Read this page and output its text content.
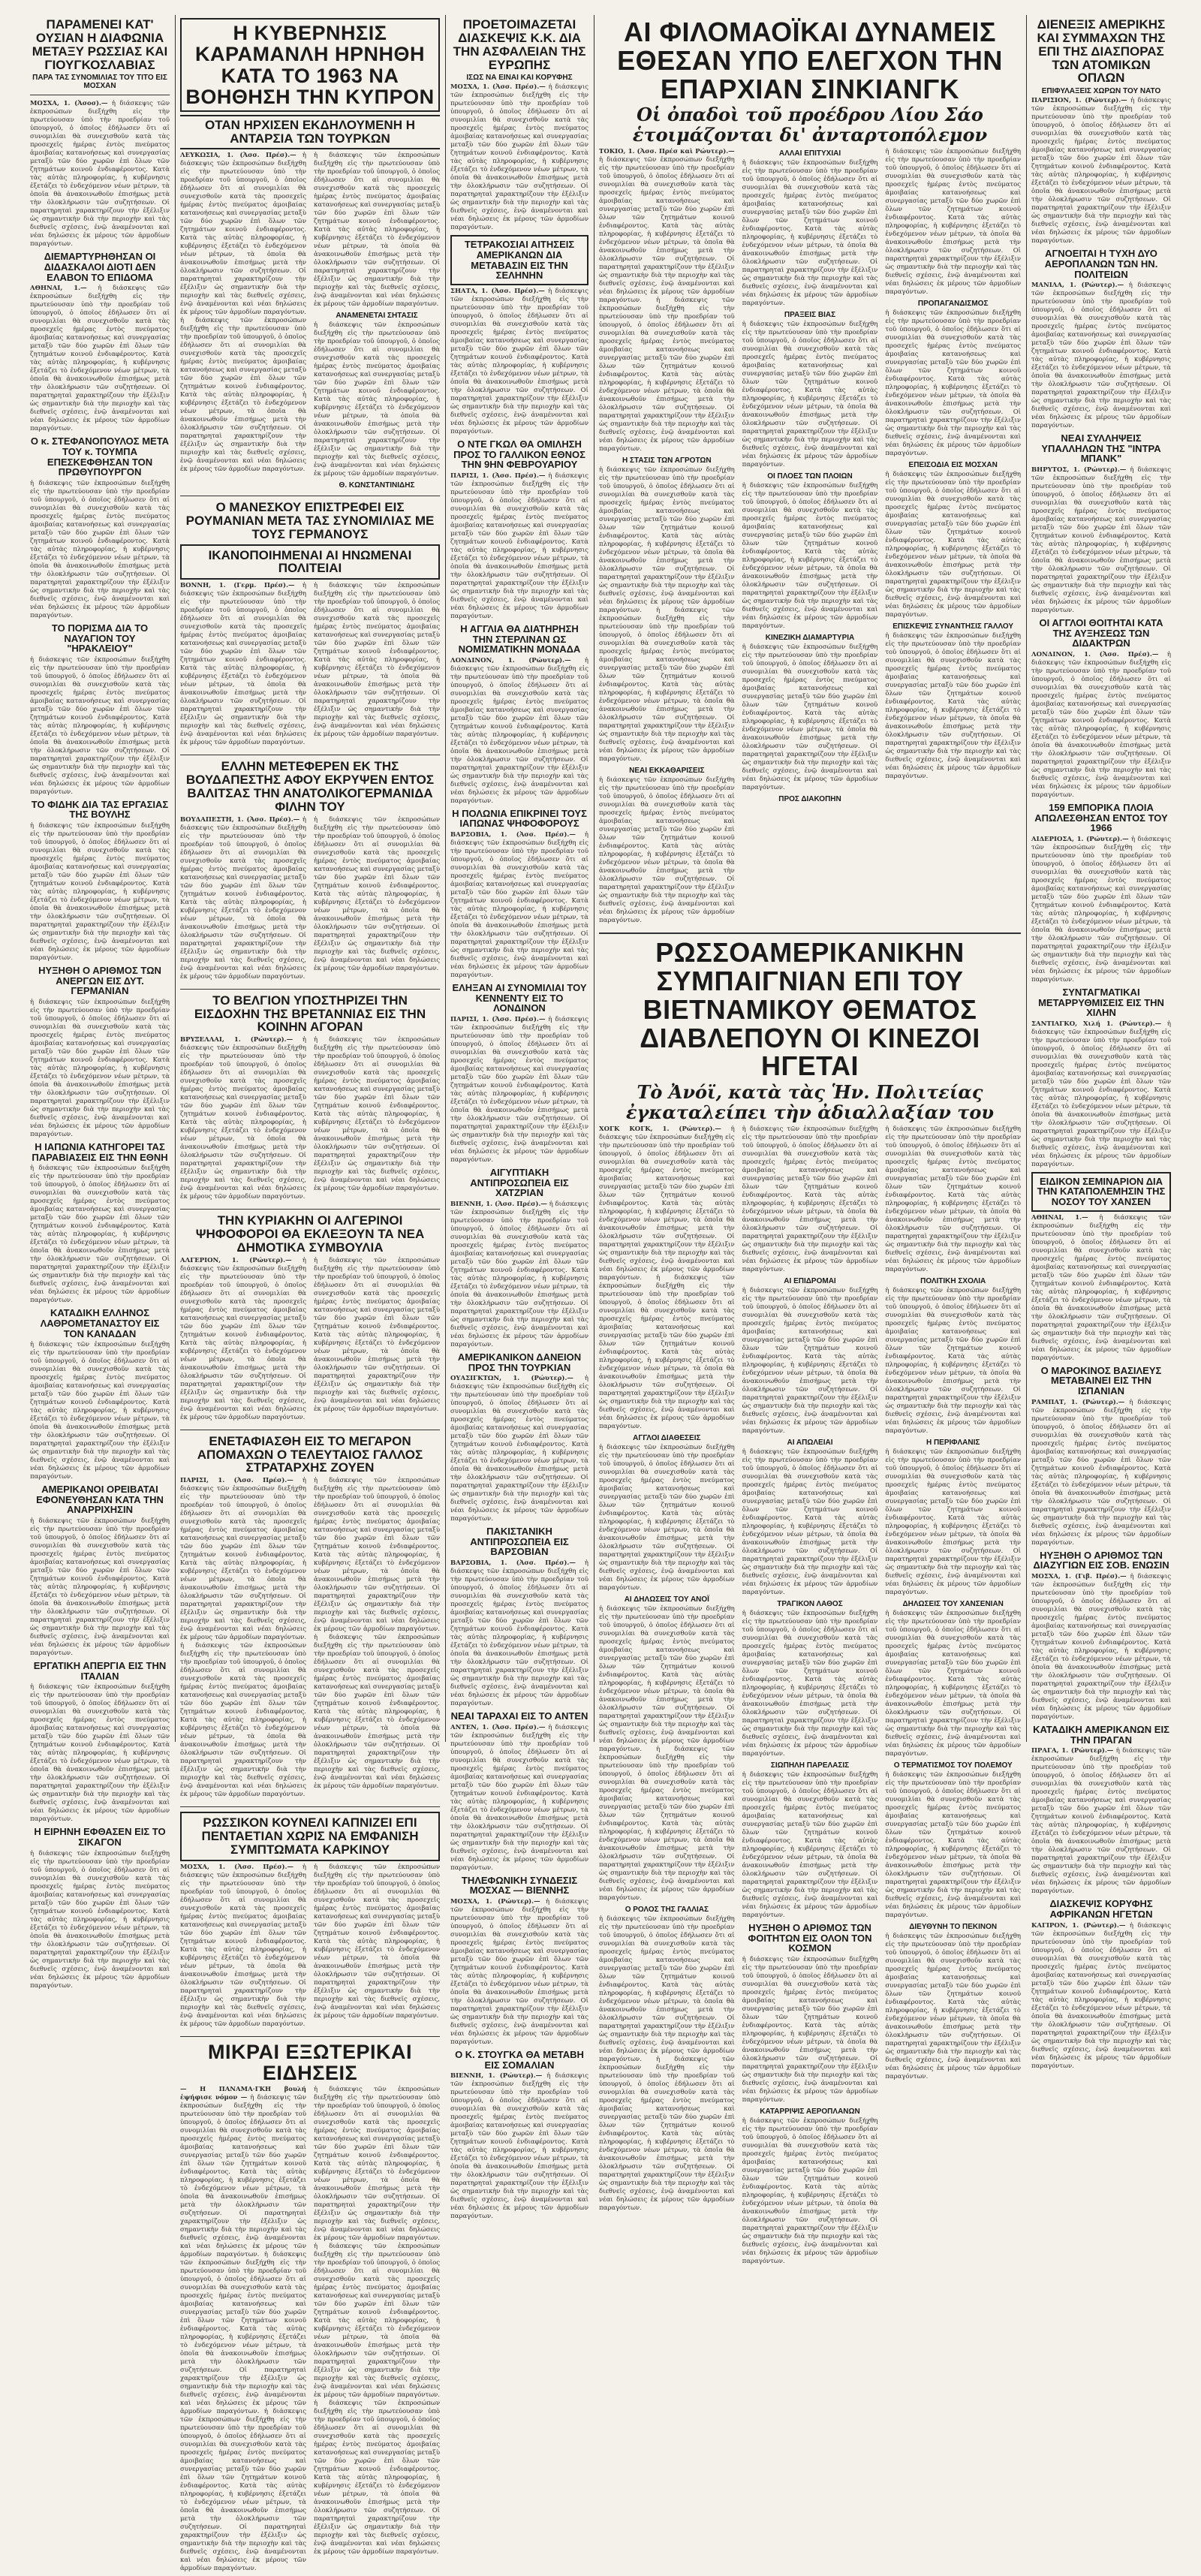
ΠΑΡΑΜΕΝΕΙ ΚΑΤ' ΟΥΣΙΑΝ Η ΔΙΑΦΩΝΙΑ ΜΕΤΑΞΥ ΡΩΣΣΙΑΣ ΚΑΙ ΓΙΟΥΓΚΟΣΛΑΒΙΑΣ
ΠΑΡΑ ΤΑΣ ΣΥΝΟΜΙΛΙΑΣ ΤΟΥ ΤΙΤΟ ΕΙΣ ΜΟΣΧΑΝ
ΜΟΣΧΑ, 1. (Ἀσοσ).— ἡ διάσκεψις τῶν ἐκπροσώπων διεξήχθη εἰς τὴν πρωτεύουσαν ὑπὸ τὴν προεδρίαν τοῦ ὑπουργοῦ, ὁ ὁποῖος ἐδήλωσεν ὅτι αἱ συνομιλίαι θὰ συνεχισθοῦν κατὰ τὰς προσεχεῖς ἡμέρας ἐντὸς πνεύματος ἀμοιβαίας κατανοήσεως καὶ συνεργασίας μεταξὺ τῶν δύο χωρῶν ἐπὶ ὅλων τῶν ζητημάτων κοινοῦ ἐνδιαφέροντος. Κατὰ τὰς αὐτὰς πληροφορίας, ἡ κυβέρνησις ἐξετάζει τὸ ἐνδεχόμενον νέων μέτρων, τὰ ὁποῖα θὰ ἀνακοινωθοῦν ἐπισήμως μετὰ τὴν ὁλοκλήρωσιν τῶν συζητήσεων. Οἱ παρατηρηταὶ χαρακτηρίζουν τὴν ἐξέλιξιν ὡς σημαντικὴν διὰ τὴν περιοχὴν καὶ τὰς διεθνεῖς σχέσεις, ἐνῷ ἀναμένονται καὶ νέαι δηλώσεις ἐκ μέρους τῶν ἁρμοδίων παραγόντων.
ΔΙΕΜΑΡΤΥΡΗΘΗΣΑΝ ΟΙ ΔΙΔΑΣΚΑΛΟΙ ΔΙΟΤΙ ΔΕΝ ΕΛΑΒΟΝ ΤΟ ΕΠΙΔΟΜΑ
ΑΘΗΝΑΙ, 1.— ἡ διάσκεψις τῶν ἐκπροσώπων διεξήχθη εἰς τὴν πρωτεύουσαν ὑπὸ τὴν προεδρίαν τοῦ ὑπουργοῦ, ὁ ὁποῖος ἐδήλωσεν ὅτι αἱ συνομιλίαι θὰ συνεχισθοῦν κατὰ τὰς προσεχεῖς ἡμέρας ἐντὸς πνεύματος ἀμοιβαίας κατανοήσεως καὶ συνεργασίας μεταξὺ τῶν δύο χωρῶν ἐπὶ ὅλων τῶν ζητημάτων κοινοῦ ἐνδιαφέροντος. Κατὰ τὰς αὐτὰς πληροφορίας, ἡ κυβέρνησις ἐξετάζει τὸ ἐνδεχόμενον νέων μέτρων, τὰ ὁποῖα θὰ ἀνακοινωθοῦν ἐπισήμως μετὰ τὴν ὁλοκλήρωσιν τῶν συζητήσεων. Οἱ παρατηρηταὶ χαρακτηρίζουν τὴν ἐξέλιξιν ὡς σημαντικὴν διὰ τὴν περιοχὴν καὶ τὰς διεθνεῖς σχέσεις, ἐνῷ ἀναμένονται καὶ νέαι δηλώσεις ἐκ μέρους τῶν ἁρμοδίων παραγόντων.
Ο κ. ΣΤΕΦΑΝΟΠΟΥΛΟΣ ΜΕΤΑ ΤΟΥ κ. ΤΟΥΜΠΑ ΕΠΕΣΚΕΦΘΗΣΑΝ ΤΟΝ ΠΡΩΘΥΠΟΥΡΓΟΝ
ἡ διάσκεψις τῶν ἐκπροσώπων διεξήχθη εἰς τὴν πρωτεύουσαν ὑπὸ τὴν προεδρίαν τοῦ ὑπουργοῦ, ὁ ὁποῖος ἐδήλωσεν ὅτι αἱ συνομιλίαι θὰ συνεχισθοῦν κατὰ τὰς προσεχεῖς ἡμέρας ἐντὸς πνεύματος ἀμοιβαίας κατανοήσεως καὶ συνεργασίας μεταξὺ τῶν δύο χωρῶν ἐπὶ ὅλων τῶν ζητημάτων κοινοῦ ἐνδιαφέροντος. Κατὰ τὰς αὐτὰς πληροφορίας, ἡ κυβέρνησις ἐξετάζει τὸ ἐνδεχόμενον νέων μέτρων, τὰ ὁποῖα θὰ ἀνακοινωθοῦν ἐπισήμως μετὰ τὴν ὁλοκλήρωσιν τῶν συζητήσεων. Οἱ παρατηρηταὶ χαρακτηρίζουν τὴν ἐξέλιξιν ὡς σημαντικὴν διὰ τὴν περιοχὴν καὶ τὰς διεθνεῖς σχέσεις, ἐνῷ ἀναμένονται καὶ νέαι δηλώσεις ἐκ μέρους τῶν ἁρμοδίων παραγόντων.
ΤΟ ΠΟΡΙΣΜΑ ΔΙΑ ΤΟ ΝΑΥΑΓΙΟΝ ΤΟΥ "ΗΡΑΚΛΕΙΟΥ"
ἡ διάσκεψις τῶν ἐκπροσώπων διεξήχθη εἰς τὴν πρωτεύουσαν ὑπὸ τὴν προεδρίαν τοῦ ὑπουργοῦ, ὁ ὁποῖος ἐδήλωσεν ὅτι αἱ συνομιλίαι θὰ συνεχισθοῦν κατὰ τὰς προσεχεῖς ἡμέρας ἐντὸς πνεύματος ἀμοιβαίας κατανοήσεως καὶ συνεργασίας μεταξὺ τῶν δύο χωρῶν ἐπὶ ὅλων τῶν ζητημάτων κοινοῦ ἐνδιαφέροντος. Κατὰ τὰς αὐτὰς πληροφορίας, ἡ κυβέρνησις ἐξετάζει τὸ ἐνδεχόμενον νέων μέτρων, τὰ ὁποῖα θὰ ἀνακοινωθοῦν ἐπισήμως μετὰ τὴν ὁλοκλήρωσιν τῶν συζητήσεων. Οἱ παρατηρηταὶ χαρακτηρίζουν τὴν ἐξέλιξιν ὡς σημαντικὴν διὰ τὴν περιοχὴν καὶ τὰς διεθνεῖς σχέσεις, ἐνῷ ἀναμένονται καὶ νέαι δηλώσεις ἐκ μέρους τῶν ἁρμοδίων παραγόντων.
ΤΟ ΦΙΔΗΚ ΔΙΑ ΤΑΣ ΕΡΓΑΣΙΑΣ ΤΗΣ ΒΟΥΛΗΣ
ἡ διάσκεψις τῶν ἐκπροσώπων διεξήχθη εἰς τὴν πρωτεύουσαν ὑπὸ τὴν προεδρίαν τοῦ ὑπουργοῦ, ὁ ὁποῖος ἐδήλωσεν ὅτι αἱ συνομιλίαι θὰ συνεχισθοῦν κατὰ τὰς προσεχεῖς ἡμέρας ἐντὸς πνεύματος ἀμοιβαίας κατανοήσεως καὶ συνεργασίας μεταξὺ τῶν δύο χωρῶν ἐπὶ ὅλων τῶν ζητημάτων κοινοῦ ἐνδιαφέροντος. Κατὰ τὰς αὐτὰς πληροφορίας, ἡ κυβέρνησις ἐξετάζει τὸ ἐνδεχόμενον νέων μέτρων, τὰ ὁποῖα θὰ ἀνακοινωθοῦν ἐπισήμως μετὰ τὴν ὁλοκλήρωσιν τῶν συζητήσεων. Οἱ παρατηρηταὶ χαρακτηρίζουν τὴν ἐξέλιξιν ὡς σημαντικὴν διὰ τὴν περιοχὴν καὶ τὰς διεθνεῖς σχέσεις, ἐνῷ ἀναμένονται καὶ νέαι δηλώσεις ἐκ μέρους τῶν ἁρμοδίων παραγόντων.
ΗΥΞΗΘΗ Ο ΑΡΙΘΜΟΣ ΤΩΝ ΑΝΕΡΓΩΝ ΕΙΣ ΔΥΤ. ΓΕΡΜΑΝΙΑΝ
ἡ διάσκεψις τῶν ἐκπροσώπων διεξήχθη εἰς τὴν πρωτεύουσαν ὑπὸ τὴν προεδρίαν τοῦ ὑπουργοῦ, ὁ ὁποῖος ἐδήλωσεν ὅτι αἱ συνομιλίαι θὰ συνεχισθοῦν κατὰ τὰς προσεχεῖς ἡμέρας ἐντὸς πνεύματος ἀμοιβαίας κατανοήσεως καὶ συνεργασίας μεταξὺ τῶν δύο χωρῶν ἐπὶ ὅλων τῶν ζητημάτων κοινοῦ ἐνδιαφέροντος. Κατὰ τὰς αὐτὰς πληροφορίας, ἡ κυβέρνησις ἐξετάζει τὸ ἐνδεχόμενον νέων μέτρων, τὰ ὁποῖα θὰ ἀνακοινωθοῦν ἐπισήμως μετὰ τὴν ὁλοκλήρωσιν τῶν συζητήσεων. Οἱ παρατηρηταὶ χαρακτηρίζουν τὴν ἐξέλιξιν ὡς σημαντικὴν διὰ τὴν περιοχὴν καὶ τὰς διεθνεῖς σχέσεις, ἐνῷ ἀναμένονται καὶ νέαι δηλώσεις ἐκ μέρους τῶν ἁρμοδίων παραγόντων.
Η ΙΑΠΩΝΙΑ ΚΑΤΗΓΟΡΕΙ ΤΑΣ ΠΑΡΑΒΙΑΣΕΙΣ ΕΙΣ ΤΗΝ ΕΘΝΗ
ἡ διάσκεψις τῶν ἐκπροσώπων διεξήχθη εἰς τὴν πρωτεύουσαν ὑπὸ τὴν προεδρίαν τοῦ ὑπουργοῦ, ὁ ὁποῖος ἐδήλωσεν ὅτι αἱ συνομιλίαι θὰ συνεχισθοῦν κατὰ τὰς προσεχεῖς ἡμέρας ἐντὸς πνεύματος ἀμοιβαίας κατανοήσεως καὶ συνεργασίας μεταξὺ τῶν δύο χωρῶν ἐπὶ ὅλων τῶν ζητημάτων κοινοῦ ἐνδιαφέροντος. Κατὰ τὰς αὐτὰς πληροφορίας, ἡ κυβέρνησις ἐξετάζει τὸ ἐνδεχόμενον νέων μέτρων, τὰ ὁποῖα θὰ ἀνακοινωθοῦν ἐπισήμως μετὰ τὴν ὁλοκλήρωσιν τῶν συζητήσεων. Οἱ παρατηρηταὶ χαρακτηρίζουν τὴν ἐξέλιξιν ὡς σημαντικὴν διὰ τὴν περιοχὴν καὶ τὰς διεθνεῖς σχέσεις, ἐνῷ ἀναμένονται καὶ νέαι δηλώσεις ἐκ μέρους τῶν ἁρμοδίων παραγόντων.
ΚΑΤΑΔΙΚΗ ΕΛΛΗΝΟΣ ΛΑΘΡΟΜΕΤΑΝΑΣΤΟΥ ΕΙΣ ΤΟΝ ΚΑΝΑΔΑΝ
ἡ διάσκεψις τῶν ἐκπροσώπων διεξήχθη εἰς τὴν πρωτεύουσαν ὑπὸ τὴν προεδρίαν τοῦ ὑπουργοῦ, ὁ ὁποῖος ἐδήλωσεν ὅτι αἱ συνομιλίαι θὰ συνεχισθοῦν κατὰ τὰς προσεχεῖς ἡμέρας ἐντὸς πνεύματος ἀμοιβαίας κατανοήσεως καὶ συνεργασίας μεταξὺ τῶν δύο χωρῶν ἐπὶ ὅλων τῶν ζητημάτων κοινοῦ ἐνδιαφέροντος. Κατὰ τὰς αὐτὰς πληροφορίας, ἡ κυβέρνησις ἐξετάζει τὸ ἐνδεχόμενον νέων μέτρων, τὰ ὁποῖα θὰ ἀνακοινωθοῦν ἐπισήμως μετὰ τὴν ὁλοκλήρωσιν τῶν συζητήσεων. Οἱ παρατηρηταὶ χαρακτηρίζουν τὴν ἐξέλιξιν ὡς σημαντικὴν διὰ τὴν περιοχὴν καὶ τὰς διεθνεῖς σχέσεις, ἐνῷ ἀναμένονται καὶ νέαι δηλώσεις ἐκ μέρους τῶν ἁρμοδίων παραγόντων.
ΑΜΕΡΙΚΑΝΟΙ ΟΡΕΙΒΑΤΑΙ ΕΦΟΝΕΥΘΗΣΑΝ ΚΑΤΑ ΤΗΝ ΑΝΑΡΡΙΧΗΣΙΝ
ἡ διάσκεψις τῶν ἐκπροσώπων διεξήχθη εἰς τὴν πρωτεύουσαν ὑπὸ τὴν προεδρίαν τοῦ ὑπουργοῦ, ὁ ὁποῖος ἐδήλωσεν ὅτι αἱ συνομιλίαι θὰ συνεχισθοῦν κατὰ τὰς προσεχεῖς ἡμέρας ἐντὸς πνεύματος ἀμοιβαίας κατανοήσεως καὶ συνεργασίας μεταξὺ τῶν δύο χωρῶν ἐπὶ ὅλων τῶν ζητημάτων κοινοῦ ἐνδιαφέροντος. Κατὰ τὰς αὐτὰς πληροφορίας, ἡ κυβέρνησις ἐξετάζει τὸ ἐνδεχόμενον νέων μέτρων, τὰ ὁποῖα θὰ ἀνακοινωθοῦν ἐπισήμως μετὰ τὴν ὁλοκλήρωσιν τῶν συζητήσεων. Οἱ παρατηρηταὶ χαρακτηρίζουν τὴν ἐξέλιξιν ὡς σημαντικὴν διὰ τὴν περιοχὴν καὶ τὰς διεθνεῖς σχέσεις, ἐνῷ ἀναμένονται καὶ νέαι δηλώσεις ἐκ μέρους τῶν ἁρμοδίων παραγόντων.
ΕΡΓΑΤΙΚΗ ΑΠΕΡΓΙΑ ΕΙΣ ΤΗΝ ΙΤΑΛΙΑΝ
ἡ διάσκεψις τῶν ἐκπροσώπων διεξήχθη εἰς τὴν πρωτεύουσαν ὑπὸ τὴν προεδρίαν τοῦ ὑπουργοῦ, ὁ ὁποῖος ἐδήλωσεν ὅτι αἱ συνομιλίαι θὰ συνεχισθοῦν κατὰ τὰς προσεχεῖς ἡμέρας ἐντὸς πνεύματος ἀμοιβαίας κατανοήσεως καὶ συνεργασίας μεταξὺ τῶν δύο χωρῶν ἐπὶ ὅλων τῶν ζητημάτων κοινοῦ ἐνδιαφέροντος. Κατὰ τὰς αὐτὰς πληροφορίας, ἡ κυβέρνησις ἐξετάζει τὸ ἐνδεχόμενον νέων μέτρων, τὰ ὁποῖα θὰ ἀνακοινωθοῦν ἐπισήμως μετὰ τὴν ὁλοκλήρωσιν τῶν συζητήσεων. Οἱ παρατηρηταὶ χαρακτηρίζουν τὴν ἐξέλιξιν ὡς σημαντικὴν διὰ τὴν περιοχὴν καὶ τὰς διεθνεῖς σχέσεις, ἐνῷ ἀναμένονται καὶ νέαι δηλώσεις ἐκ μέρους τῶν ἁρμοδίων παραγόντων.
Η ΕΙΡΗΝΗ ΕΦΘΑΣΕΝ ΕΙΣ ΤΟ ΣΙΚΑΓΟΝ
ἡ διάσκεψις τῶν ἐκπροσώπων διεξήχθη εἰς τὴν πρωτεύουσαν ὑπὸ τὴν προεδρίαν τοῦ ὑπουργοῦ, ὁ ὁποῖος ἐδήλωσεν ὅτι αἱ συνομιλίαι θὰ συνεχισθοῦν κατὰ τὰς προσεχεῖς ἡμέρας ἐντὸς πνεύματος ἀμοιβαίας κατανοήσεως καὶ συνεργασίας μεταξὺ τῶν δύο χωρῶν ἐπὶ ὅλων τῶν ζητημάτων κοινοῦ ἐνδιαφέροντος. Κατὰ τὰς αὐτὰς πληροφορίας, ἡ κυβέρνησις ἐξετάζει τὸ ἐνδεχόμενον νέων μέτρων, τὰ ὁποῖα θὰ ἀνακοινωθοῦν ἐπισήμως μετὰ τὴν ὁλοκλήρωσιν τῶν συζητήσεων. Οἱ παρατηρηταὶ χαρακτηρίζουν τὴν ἐξέλιξιν ὡς σημαντικὴν διὰ τὴν περιοχὴν καὶ τὰς διεθνεῖς σχέσεις, ἐνῷ ἀναμένονται καὶ νέαι δηλώσεις ἐκ μέρους τῶν ἁρμοδίων παραγόντων.
Η ΚΥΒΕΡΝΗΣΙΣ ΚΑΡΑΜΑΝΛΗ ΗΡΝΗΘΗ ΚΑΤΑ ΤΟ 1963 ΝΑ ΒΟΗΘΗΣΗ ΤΗΝ ΚΥΠΡΟΝ
ΟΤΑΝ ΗΡΧΙΣΕΝ ΕΚΔΗΛΟΥΜΕΝΗ Η ΑΝΤΑΡΣΙΑ ΤΩΝ ΤΟΥΡΚΩΝ
ΛΕΥΚΩΣΙΑ, 1. (Ἀσσ. Πρέσ).— ἡ διάσκεψις τῶν ἐκπροσώπων διεξήχθη εἰς τὴν πρωτεύουσαν ὑπὸ τὴν προεδρίαν τοῦ ὑπουργοῦ, ὁ ὁποῖος ἐδήλωσεν ὅτι αἱ συνομιλίαι θὰ συνεχισθοῦν κατὰ τὰς προσεχεῖς ἡμέρας ἐντὸς πνεύματος ἀμοιβαίας κατανοήσεως καὶ συνεργασίας μεταξὺ τῶν δύο χωρῶν ἐπὶ ὅλων τῶν ζητημάτων κοινοῦ ἐνδιαφέροντος. Κατὰ τὰς αὐτὰς πληροφορίας, ἡ κυβέρνησις ἐξετάζει τὸ ἐνδεχόμενον νέων μέτρων, τὰ ὁποῖα θὰ ἀνακοινωθοῦν ἐπισήμως μετὰ τὴν ὁλοκλήρωσιν τῶν συζητήσεων. Οἱ παρατηρηταὶ χαρακτηρίζουν τὴν ἐξέλιξιν ὡς σημαντικὴν διὰ τὴν περιοχὴν καὶ τὰς διεθνεῖς σχέσεις, ἐνῷ ἀναμένονται καὶ νέαι δηλώσεις ἐκ μέρους τῶν ἁρμοδίων παραγόντων. ἡ διάσκεψις τῶν ἐκπροσώπων διεξήχθη εἰς τὴν πρωτεύουσαν ὑπὸ τὴν προεδρίαν τοῦ ὑπουργοῦ, ὁ ὁποῖος ἐδήλωσεν ὅτι αἱ συνομιλίαι θὰ συνεχισθοῦν κατὰ τὰς προσεχεῖς ἡμέρας ἐντὸς πνεύματος ἀμοιβαίας κατανοήσεως καὶ συνεργασίας μεταξὺ τῶν δύο χωρῶν ἐπὶ ὅλων τῶν ζητημάτων κοινοῦ ἐνδιαφέροντος. Κατὰ τὰς αὐτὰς πληροφορίας, ἡ κυβέρνησις ἐξετάζει τὸ ἐνδεχόμενον νέων μέτρων, τὰ ὁποῖα θὰ ἀνακοινωθοῦν ἐπισήμως μετὰ τὴν ὁλοκλήρωσιν τῶν συζητήσεων. Οἱ παρατηρηταὶ χαρακτηρίζουν τὴν ἐξέλιξιν ὡς σημαντικὴν διὰ τὴν περιοχὴν καὶ τὰς διεθνεῖς σχέσεις, ἐνῷ ἀναμένονται καὶ νέαι δηλώσεις ἐκ μέρους τῶν ἁρμοδίων παραγόντων.
ἡ διάσκεψις τῶν ἐκπροσώπων διεξήχθη εἰς τὴν πρωτεύουσαν ὑπὸ τὴν προεδρίαν τοῦ ὑπουργοῦ, ὁ ὁποῖος ἐδήλωσεν ὅτι αἱ συνομιλίαι θὰ συνεχισθοῦν κατὰ τὰς προσεχεῖς ἡμέρας ἐντὸς πνεύματος ἀμοιβαίας κατανοήσεως καὶ συνεργασίας μεταξὺ τῶν δύο χωρῶν ἐπὶ ὅλων τῶν ζητημάτων κοινοῦ ἐνδιαφέροντος. Κατὰ τὰς αὐτὰς πληροφορίας, ἡ κυβέρνησις ἐξετάζει τὸ ἐνδεχόμενον νέων μέτρων, τὰ ὁποῖα θὰ ἀνακοινωθοῦν ἐπισήμως μετὰ τὴν ὁλοκλήρωσιν τῶν συζητήσεων. Οἱ παρατηρηταὶ χαρακτηρίζουν τὴν ἐξέλιξιν ὡς σημαντικὴν διὰ τὴν περιοχὴν καὶ τὰς διεθνεῖς σχέσεις, ἐνῷ ἀναμένονται καὶ νέαι δηλώσεις ἐκ μέρους τῶν ἁρμοδίων παραγόντων.
ΑΝΑΜΕΝΕΤΑΙ ΣΗΤΑΣΙΣ
ἡ διάσκεψις τῶν ἐκπροσώπων διεξήχθη εἰς τὴν πρωτεύουσαν ὑπὸ τὴν προεδρίαν τοῦ ὑπουργοῦ, ὁ ὁποῖος ἐδήλωσεν ὅτι αἱ συνομιλίαι θὰ συνεχισθοῦν κατὰ τὰς προσεχεῖς ἡμέρας ἐντὸς πνεύματος ἀμοιβαίας κατανοήσεως καὶ συνεργασίας μεταξὺ τῶν δύο χωρῶν ἐπὶ ὅλων τῶν ζητημάτων κοινοῦ ἐνδιαφέροντος. Κατὰ τὰς αὐτὰς πληροφορίας, ἡ κυβέρνησις ἐξετάζει τὸ ἐνδεχόμενον νέων μέτρων, τὰ ὁποῖα θὰ ἀνακοινωθοῦν ἐπισήμως μετὰ τὴν ὁλοκλήρωσιν τῶν συζητήσεων. Οἱ παρατηρηταὶ χαρακτηρίζουν τὴν ἐξέλιξιν ὡς σημαντικὴν διὰ τὴν περιοχὴν καὶ τὰς διεθνεῖς σχέσεις, ἐνῷ ἀναμένονται καὶ νέαι δηλώσεις ἐκ μέρους τῶν ἁρμοδίων παραγόντων.
Θ. ΚΩΝΣΤΑΝΤΙΝΙΔΗΣ
Ο ΜΑΝΕΣΚΟΥ ΕΠΙΣΤΡΕΦΕΙ ΕΙΣ ΡΟΥΜΑΝΙΑΝ ΜΕΤΑ ΤΑΣ ΣΥΝΟΜΙΛΙΑΣ ΜΕ ΤΟΥΣ ΓΕΡΜΑΝΟΥΣ
ΙΚΑΝΟΠΟΙΗΜΕΝΑΙ ΑΙ ΗΝΩΜΕΝΑΙ ΠΟΛΙΤΕΙΑΙ
ΒΟΝΝΗ, 1. (Γερμ. Πρέσ).— ἡ διάσκεψις τῶν ἐκπροσώπων διεξήχθη εἰς τὴν πρωτεύουσαν ὑπὸ τὴν προεδρίαν τοῦ ὑπουργοῦ, ὁ ὁποῖος ἐδήλωσεν ὅτι αἱ συνομιλίαι θὰ συνεχισθοῦν κατὰ τὰς προσεχεῖς ἡμέρας ἐντὸς πνεύματος ἀμοιβαίας κατανοήσεως καὶ συνεργασίας μεταξὺ τῶν δύο χωρῶν ἐπὶ ὅλων τῶν ζητημάτων κοινοῦ ἐνδιαφέροντος. Κατὰ τὰς αὐτὰς πληροφορίας, ἡ κυβέρνησις ἐξετάζει τὸ ἐνδεχόμενον νέων μέτρων, τὰ ὁποῖα θὰ ἀνακοινωθοῦν ἐπισήμως μετὰ τὴν ὁλοκλήρωσιν τῶν συζητήσεων. Οἱ παρατηρηταὶ χαρακτηρίζουν τὴν ἐξέλιξιν ὡς σημαντικὴν διὰ τὴν περιοχὴν καὶ τὰς διεθνεῖς σχέσεις, ἐνῷ ἀναμένονται καὶ νέαι δηλώσεις ἐκ μέρους τῶν ἁρμοδίων παραγόντων.
ἡ διάσκεψις τῶν ἐκπροσώπων διεξήχθη εἰς τὴν πρωτεύουσαν ὑπὸ τὴν προεδρίαν τοῦ ὑπουργοῦ, ὁ ὁποῖος ἐδήλωσεν ὅτι αἱ συνομιλίαι θὰ συνεχισθοῦν κατὰ τὰς προσεχεῖς ἡμέρας ἐντὸς πνεύματος ἀμοιβαίας κατανοήσεως καὶ συνεργασίας μεταξὺ τῶν δύο χωρῶν ἐπὶ ὅλων τῶν ζητημάτων κοινοῦ ἐνδιαφέροντος. Κατὰ τὰς αὐτὰς πληροφορίας, ἡ κυβέρνησις ἐξετάζει τὸ ἐνδεχόμενον νέων μέτρων, τὰ ὁποῖα θὰ ἀνακοινωθοῦν ἐπισήμως μετὰ τὴν ὁλοκλήρωσιν τῶν συζητήσεων. Οἱ παρατηρηταὶ χαρακτηρίζουν τὴν ἐξέλιξιν ὡς σημαντικὴν διὰ τὴν περιοχὴν καὶ τὰς διεθνεῖς σχέσεις, ἐνῷ ἀναμένονται καὶ νέαι δηλώσεις ἐκ μέρους τῶν ἁρμοδίων παραγόντων.
ΕΛΛΗΝ ΜΕΤΕΦΕΡΕΝ ΕΚ ΤΗΣ ΒΟΥΔΑΠΕΣΤΗΣ ΑΦΟΥ ΕΚΡΥΨΕΝ ΕΝΤΟΣ ΒΑΛΙΤΣΑΣ ΤΗΝ ΑΝΑΤΟΛΙΚΟΓΕΡΜΑΝΙΔΑ ΦΙΛΗΝ ΤΟΥ
ΒΟΥΔΑΠΕΣΤΗ, 1. (Ἀσσ. Πρέσ).— ἡ διάσκεψις τῶν ἐκπροσώπων διεξήχθη εἰς τὴν πρωτεύουσαν ὑπὸ τὴν προεδρίαν τοῦ ὑπουργοῦ, ὁ ὁποῖος ἐδήλωσεν ὅτι αἱ συνομιλίαι θὰ συνεχισθοῦν κατὰ τὰς προσεχεῖς ἡμέρας ἐντὸς πνεύματος ἀμοιβαίας κατανοήσεως καὶ συνεργασίας μεταξὺ τῶν δύο χωρῶν ἐπὶ ὅλων τῶν ζητημάτων κοινοῦ ἐνδιαφέροντος. Κατὰ τὰς αὐτὰς πληροφορίας, ἡ κυβέρνησις ἐξετάζει τὸ ἐνδεχόμενον νέων μέτρων, τὰ ὁποῖα θὰ ἀνακοινωθοῦν ἐπισήμως μετὰ τὴν ὁλοκλήρωσιν τῶν συζητήσεων. Οἱ παρατηρηταὶ χαρακτηρίζουν τὴν ἐξέλιξιν ὡς σημαντικὴν διὰ τὴν περιοχὴν καὶ τὰς διεθνεῖς σχέσεις, ἐνῷ ἀναμένονται καὶ νέαι δηλώσεις ἐκ μέρους τῶν ἁρμοδίων παραγόντων.
ἡ διάσκεψις τῶν ἐκπροσώπων διεξήχθη εἰς τὴν πρωτεύουσαν ὑπὸ τὴν προεδρίαν τοῦ ὑπουργοῦ, ὁ ὁποῖος ἐδήλωσεν ὅτι αἱ συνομιλίαι θὰ συνεχισθοῦν κατὰ τὰς προσεχεῖς ἡμέρας ἐντὸς πνεύματος ἀμοιβαίας κατανοήσεως καὶ συνεργασίας μεταξὺ τῶν δύο χωρῶν ἐπὶ ὅλων τῶν ζητημάτων κοινοῦ ἐνδιαφέροντος. Κατὰ τὰς αὐτὰς πληροφορίας, ἡ κυβέρνησις ἐξετάζει τὸ ἐνδεχόμενον νέων μέτρων, τὰ ὁποῖα θὰ ἀνακοινωθοῦν ἐπισήμως μετὰ τὴν ὁλοκλήρωσιν τῶν συζητήσεων. Οἱ παρατηρηταὶ χαρακτηρίζουν τὴν ἐξέλιξιν ὡς σημαντικὴν διὰ τὴν περιοχὴν καὶ τὰς διεθνεῖς σχέσεις, ἐνῷ ἀναμένονται καὶ νέαι δηλώσεις ἐκ μέρους τῶν ἁρμοδίων παραγόντων.
ΤΟ ΒΕΛΓΙΟΝ ΥΠΟΣΤΗΡΙΖΕΙ ΤΗΝ ΕΙΣΔΟΧΗΝ ΤΗΣ ΒΡΕΤΑΝΝΙΑΣ ΕΙΣ ΤΗΝ ΚΟΙΝΗΝ ΑΓΟΡΑΝ
ΒΡΥΞΕΛΛΑΙ, 1. (Ρώυτερ).— ἡ διάσκεψις τῶν ἐκπροσώπων διεξήχθη εἰς τὴν πρωτεύουσαν ὑπὸ τὴν προεδρίαν τοῦ ὑπουργοῦ, ὁ ὁποῖος ἐδήλωσεν ὅτι αἱ συνομιλίαι θὰ συνεχισθοῦν κατὰ τὰς προσεχεῖς ἡμέρας ἐντὸς πνεύματος ἀμοιβαίας κατανοήσεως καὶ συνεργασίας μεταξὺ τῶν δύο χωρῶν ἐπὶ ὅλων τῶν ζητημάτων κοινοῦ ἐνδιαφέροντος. Κατὰ τὰς αὐτὰς πληροφορίας, ἡ κυβέρνησις ἐξετάζει τὸ ἐνδεχόμενον νέων μέτρων, τὰ ὁποῖα θὰ ἀνακοινωθοῦν ἐπισήμως μετὰ τὴν ὁλοκλήρωσιν τῶν συζητήσεων. Οἱ παρατηρηταὶ χαρακτηρίζουν τὴν ἐξέλιξιν ὡς σημαντικὴν διὰ τὴν περιοχὴν καὶ τὰς διεθνεῖς σχέσεις, ἐνῷ ἀναμένονται καὶ νέαι δηλώσεις ἐκ μέρους τῶν ἁρμοδίων παραγόντων.
ἡ διάσκεψις τῶν ἐκπροσώπων διεξήχθη εἰς τὴν πρωτεύουσαν ὑπὸ τὴν προεδρίαν τοῦ ὑπουργοῦ, ὁ ὁποῖος ἐδήλωσεν ὅτι αἱ συνομιλίαι θὰ συνεχισθοῦν κατὰ τὰς προσεχεῖς ἡμέρας ἐντὸς πνεύματος ἀμοιβαίας κατανοήσεως καὶ συνεργασίας μεταξὺ τῶν δύο χωρῶν ἐπὶ ὅλων τῶν ζητημάτων κοινοῦ ἐνδιαφέροντος. Κατὰ τὰς αὐτὰς πληροφορίας, ἡ κυβέρνησις ἐξετάζει τὸ ἐνδεχόμενον νέων μέτρων, τὰ ὁποῖα θὰ ἀνακοινωθοῦν ἐπισήμως μετὰ τὴν ὁλοκλήρωσιν τῶν συζητήσεων. Οἱ παρατηρηταὶ χαρακτηρίζουν τὴν ἐξέλιξιν ὡς σημαντικὴν διὰ τὴν περιοχὴν καὶ τὰς διεθνεῖς σχέσεις, ἐνῷ ἀναμένονται καὶ νέαι δηλώσεις ἐκ μέρους τῶν ἁρμοδίων παραγόντων.
ΤΗΝ ΚΥΡΙΑΚΗΝ ΟΙ ΑΛΓΕΡΙΝΟΙ ΨΗΦΟΦΟΡΟΙ ΘΑ ΕΚΛΕΞΟΥΝ ΤΑ ΝΕΑ ΔΗΜΟΤΙΚΑ ΣΥΜΒΟΥΛΙΑ
ΑΛΓΕΡΙΟΝ, 1. (Ρώυτερ).— ἡ διάσκεψις τῶν ἐκπροσώπων διεξήχθη εἰς τὴν πρωτεύουσαν ὑπὸ τὴν προεδρίαν τοῦ ὑπουργοῦ, ὁ ὁποῖος ἐδήλωσεν ὅτι αἱ συνομιλίαι θὰ συνεχισθοῦν κατὰ τὰς προσεχεῖς ἡμέρας ἐντὸς πνεύματος ἀμοιβαίας κατανοήσεως καὶ συνεργασίας μεταξὺ τῶν δύο χωρῶν ἐπὶ ὅλων τῶν ζητημάτων κοινοῦ ἐνδιαφέροντος. Κατὰ τὰς αὐτὰς πληροφορίας, ἡ κυβέρνησις ἐξετάζει τὸ ἐνδεχόμενον νέων μέτρων, τὰ ὁποῖα θὰ ἀνακοινωθοῦν ἐπισήμως μετὰ τὴν ὁλοκλήρωσιν τῶν συζητήσεων. Οἱ παρατηρηταὶ χαρακτηρίζουν τὴν ἐξέλιξιν ὡς σημαντικὴν διὰ τὴν περιοχὴν καὶ τὰς διεθνεῖς σχέσεις, ἐνῷ ἀναμένονται καὶ νέαι δηλώσεις ἐκ μέρους τῶν ἁρμοδίων παραγόντων.
ἡ διάσκεψις τῶν ἐκπροσώπων διεξήχθη εἰς τὴν πρωτεύουσαν ὑπὸ τὴν προεδρίαν τοῦ ὑπουργοῦ, ὁ ὁποῖος ἐδήλωσεν ὅτι αἱ συνομιλίαι θὰ συνεχισθοῦν κατὰ τὰς προσεχεῖς ἡμέρας ἐντὸς πνεύματος ἀμοιβαίας κατανοήσεως καὶ συνεργασίας μεταξὺ τῶν δύο χωρῶν ἐπὶ ὅλων τῶν ζητημάτων κοινοῦ ἐνδιαφέροντος. Κατὰ τὰς αὐτὰς πληροφορίας, ἡ κυβέρνησις ἐξετάζει τὸ ἐνδεχόμενον νέων μέτρων, τὰ ὁποῖα θὰ ἀνακοινωθοῦν ἐπισήμως μετὰ τὴν ὁλοκλήρωσιν τῶν συζητήσεων. Οἱ παρατηρηταὶ χαρακτηρίζουν τὴν ἐξέλιξιν ὡς σημαντικὴν διὰ τὴν περιοχὴν καὶ τὰς διεθνεῖς σχέσεις, ἐνῷ ἀναμένονται καὶ νέαι δηλώσεις ἐκ μέρους τῶν ἁρμοδίων παραγόντων.
ΕΝΕΤΑΦΙΑΣΘΗ ΕΙΣ ΤΟ ΜΕΓΑΡΟΝ ΑΠΟΜΑΧΩΝ Ο ΤΕΛΕΥΤΑΙΟΣ ΓΑΛΛΟΣ ΣΤΡΑΤΑΡΧΗΣ ΖΟΥΕΝ
ΠΑΡΙΣΙ, 1. (Ἀσσ. Πρέσ).— ἡ διάσκεψις τῶν ἐκπροσώπων διεξήχθη εἰς τὴν πρωτεύουσαν ὑπὸ τὴν προεδρίαν τοῦ ὑπουργοῦ, ὁ ὁποῖος ἐδήλωσεν ὅτι αἱ συνομιλίαι θὰ συνεχισθοῦν κατὰ τὰς προσεχεῖς ἡμέρας ἐντὸς πνεύματος ἀμοιβαίας κατανοήσεως καὶ συνεργασίας μεταξὺ τῶν δύο χωρῶν ἐπὶ ὅλων τῶν ζητημάτων κοινοῦ ἐνδιαφέροντος. Κατὰ τὰς αὐτὰς πληροφορίας, ἡ κυβέρνησις ἐξετάζει τὸ ἐνδεχόμενον νέων μέτρων, τὰ ὁποῖα θὰ ἀνακοινωθοῦν ἐπισήμως μετὰ τὴν ὁλοκλήρωσιν τῶν συζητήσεων. Οἱ παρατηρηταὶ χαρακτηρίζουν τὴν ἐξέλιξιν ὡς σημαντικὴν διὰ τὴν περιοχὴν καὶ τὰς διεθνεῖς σχέσεις, ἐνῷ ἀναμένονται καὶ νέαι δηλώσεις ἐκ μέρους τῶν ἁρμοδίων παραγόντων. ἡ διάσκεψις τῶν ἐκπροσώπων διεξήχθη εἰς τὴν πρωτεύουσαν ὑπὸ τὴν προεδρίαν τοῦ ὑπουργοῦ, ὁ ὁποῖος ἐδήλωσεν ὅτι αἱ συνομιλίαι θὰ συνεχισθοῦν κατὰ τὰς προσεχεῖς ἡμέρας ἐντὸς πνεύματος ἀμοιβαίας κατανοήσεως καὶ συνεργασίας μεταξὺ τῶν δύο χωρῶν ἐπὶ ὅλων τῶν ζητημάτων κοινοῦ ἐνδιαφέροντος. Κατὰ τὰς αὐτὰς πληροφορίας, ἡ κυβέρνησις ἐξετάζει τὸ ἐνδεχόμενον νέων μέτρων, τὰ ὁποῖα θὰ ἀνακοινωθοῦν ἐπισήμως μετὰ τὴν ὁλοκλήρωσιν τῶν συζητήσεων. Οἱ παρατηρηταὶ χαρακτηρίζουν τὴν ἐξέλιξιν ὡς σημαντικὴν διὰ τὴν περιοχὴν καὶ τὰς διεθνεῖς σχέσεις, ἐνῷ ἀναμένονται καὶ νέαι δηλώσεις ἐκ μέρους τῶν ἁρμοδίων παραγόντων.
ἡ διάσκεψις τῶν ἐκπροσώπων διεξήχθη εἰς τὴν πρωτεύουσαν ὑπὸ τὴν προεδρίαν τοῦ ὑπουργοῦ, ὁ ὁποῖος ἐδήλωσεν ὅτι αἱ συνομιλίαι θὰ συνεχισθοῦν κατὰ τὰς προσεχεῖς ἡμέρας ἐντὸς πνεύματος ἀμοιβαίας κατανοήσεως καὶ συνεργασίας μεταξὺ τῶν δύο χωρῶν ἐπὶ ὅλων τῶν ζητημάτων κοινοῦ ἐνδιαφέροντος. Κατὰ τὰς αὐτὰς πληροφορίας, ἡ κυβέρνησις ἐξετάζει τὸ ἐνδεχόμενον νέων μέτρων, τὰ ὁποῖα θὰ ἀνακοινωθοῦν ἐπισήμως μετὰ τὴν ὁλοκλήρωσιν τῶν συζητήσεων. Οἱ παρατηρηταὶ χαρακτηρίζουν τὴν ἐξέλιξιν ὡς σημαντικὴν διὰ τὴν περιοχὴν καὶ τὰς διεθνεῖς σχέσεις, ἐνῷ ἀναμένονται καὶ νέαι δηλώσεις ἐκ μέρους τῶν ἁρμοδίων παραγόντων. ἡ διάσκεψις τῶν ἐκπροσώπων διεξήχθη εἰς τὴν πρωτεύουσαν ὑπὸ τὴν προεδρίαν τοῦ ὑπουργοῦ, ὁ ὁποῖος ἐδήλωσεν ὅτι αἱ συνομιλίαι θὰ συνεχισθοῦν κατὰ τὰς προσεχεῖς ἡμέρας ἐντὸς πνεύματος ἀμοιβαίας κατανοήσεως καὶ συνεργασίας μεταξὺ τῶν δύο χωρῶν ἐπὶ ὅλων τῶν ζητημάτων κοινοῦ ἐνδιαφέροντος. Κατὰ τὰς αὐτὰς πληροφορίας, ἡ κυβέρνησις ἐξετάζει τὸ ἐνδεχόμενον νέων μέτρων, τὰ ὁποῖα θὰ ἀνακοινωθοῦν ἐπισήμως μετὰ τὴν ὁλοκλήρωσιν τῶν συζητήσεων. Οἱ παρατηρηταὶ χαρακτηρίζουν τὴν ἐξέλιξιν ὡς σημαντικὴν διὰ τὴν περιοχὴν καὶ τὰς διεθνεῖς σχέσεις, ἐνῷ ἀναμένονται καὶ νέαι δηλώσεις ἐκ μέρους τῶν ἁρμοδίων παραγόντων.
ΡΩΣΣΙΚΟΝ ΚΟΥΝΕΛΙ ΚΑΠΝΙΖΕΙ ΕΠΙ ΠΕΝΤΑΕΤΙΑΝ ΧΩΡΙΣ ΝΑ ΕΜΦΑΝΙΣΗ ΣΥΜΠΤΩΜΑΤΑ ΚΑΡΚΙΝΟΥ
ΜΟΣΧΑ, 1. (Ἀσσ. Πρέσ).— ἡ διάσκεψις τῶν ἐκπροσώπων διεξήχθη εἰς τὴν πρωτεύουσαν ὑπὸ τὴν προεδρίαν τοῦ ὑπουργοῦ, ὁ ὁποῖος ἐδήλωσεν ὅτι αἱ συνομιλίαι θὰ συνεχισθοῦν κατὰ τὰς προσεχεῖς ἡμέρας ἐντὸς πνεύματος ἀμοιβαίας κατανοήσεως καὶ συνεργασίας μεταξὺ τῶν δύο χωρῶν ἐπὶ ὅλων τῶν ζητημάτων κοινοῦ ἐνδιαφέροντος. Κατὰ τὰς αὐτὰς πληροφορίας, ἡ κυβέρνησις ἐξετάζει τὸ ἐνδεχόμενον νέων μέτρων, τὰ ὁποῖα θὰ ἀνακοινωθοῦν ἐπισήμως μετὰ τὴν ὁλοκλήρωσιν τῶν συζητήσεων. Οἱ παρατηρηταὶ χαρακτηρίζουν τὴν ἐξέλιξιν ὡς σημαντικὴν διὰ τὴν περιοχὴν καὶ τὰς διεθνεῖς σχέσεις, ἐνῷ ἀναμένονται καὶ νέαι δηλώσεις ἐκ μέρους τῶν ἁρμοδίων παραγόντων.
ἡ διάσκεψις τῶν ἐκπροσώπων διεξήχθη εἰς τὴν πρωτεύουσαν ὑπὸ τὴν προεδρίαν τοῦ ὑπουργοῦ, ὁ ὁποῖος ἐδήλωσεν ὅτι αἱ συνομιλίαι θὰ συνεχισθοῦν κατὰ τὰς προσεχεῖς ἡμέρας ἐντὸς πνεύματος ἀμοιβαίας κατανοήσεως καὶ συνεργασίας μεταξὺ τῶν δύο χωρῶν ἐπὶ ὅλων τῶν ζητημάτων κοινοῦ ἐνδιαφέροντος. Κατὰ τὰς αὐτὰς πληροφορίας, ἡ κυβέρνησις ἐξετάζει τὸ ἐνδεχόμενον νέων μέτρων, τὰ ὁποῖα θὰ ἀνακοινωθοῦν ἐπισήμως μετὰ τὴν ὁλοκλήρωσιν τῶν συζητήσεων. Οἱ παρατηρηταὶ χαρακτηρίζουν τὴν ἐξέλιξιν ὡς σημαντικὴν διὰ τὴν περιοχὴν καὶ τὰς διεθνεῖς σχέσεις, ἐνῷ ἀναμένονται καὶ νέαι δηλώσεις ἐκ μέρους τῶν ἁρμοδίων παραγόντων.
ΜΙΚΡΑΙ ΕΞΩΤΕΡΙΚΑΙ ΕΙΔΗΣΕΙΣ
— Η ΠΑΝΑΜΑ·ΓΚΗ βουλή ἐψήφισε νόμον — ἡ διάσκεψις τῶν ἐκπροσώπων διεξήχθη εἰς τὴν πρωτεύουσαν ὑπὸ τὴν προεδρίαν τοῦ ὑπουργοῦ, ὁ ὁποῖος ἐδήλωσεν ὅτι αἱ συνομιλίαι θὰ συνεχισθοῦν κατὰ τὰς προσεχεῖς ἡμέρας ἐντὸς πνεύματος ἀμοιβαίας κατανοήσεως καὶ συνεργασίας μεταξὺ τῶν δύο χωρῶν ἐπὶ ὅλων τῶν ζητημάτων κοινοῦ ἐνδιαφέροντος. Κατὰ τὰς αὐτὰς πληροφορίας, ἡ κυβέρνησις ἐξετάζει τὸ ἐνδεχόμενον νέων μέτρων, τὰ ὁποῖα θὰ ἀνακοινωθοῦν ἐπισήμως μετὰ τὴν ὁλοκλήρωσιν τῶν συζητήσεων. Οἱ παρατηρηταὶ χαρακτηρίζουν τὴν ἐξέλιξιν ὡς σημαντικὴν διὰ τὴν περιοχὴν καὶ τὰς διεθνεῖς σχέσεις, ἐνῷ ἀναμένονται καὶ νέαι δηλώσεις ἐκ μέρους τῶν ἁρμοδίων παραγόντων. ἡ διάσκεψις τῶν ἐκπροσώπων διεξήχθη εἰς τὴν πρωτεύουσαν ὑπὸ τὴν προεδρίαν τοῦ ὑπουργοῦ, ὁ ὁποῖος ἐδήλωσεν ὅτι αἱ συνομιλίαι θὰ συνεχισθοῦν κατὰ τὰς προσεχεῖς ἡμέρας ἐντὸς πνεύματος ἀμοιβαίας κατανοήσεως καὶ συνεργασίας μεταξὺ τῶν δύο χωρῶν ἐπὶ ὅλων τῶν ζητημάτων κοινοῦ ἐνδιαφέροντος. Κατὰ τὰς αὐτὰς πληροφορίας, ἡ κυβέρνησις ἐξετάζει τὸ ἐνδεχόμενον νέων μέτρων, τὰ ὁποῖα θὰ ἀνακοινωθοῦν ἐπισήμως μετὰ τὴν ὁλοκλήρωσιν τῶν συζητήσεων. Οἱ παρατηρηταὶ χαρακτηρίζουν τὴν ἐξέλιξιν ὡς σημαντικὴν διὰ τὴν περιοχὴν καὶ τὰς διεθνεῖς σχέσεις, ἐνῷ ἀναμένονται καὶ νέαι δηλώσεις ἐκ μέρους τῶν ἁρμοδίων παραγόντων. ἡ διάσκεψις τῶν ἐκπροσώπων διεξήχθη εἰς τὴν πρωτεύουσαν ὑπὸ τὴν προεδρίαν τοῦ ὑπουργοῦ, ὁ ὁποῖος ἐδήλωσεν ὅτι αἱ συνομιλίαι θὰ συνεχισθοῦν κατὰ τὰς προσεχεῖς ἡμέρας ἐντὸς πνεύματος ἀμοιβαίας κατανοήσεως καὶ συνεργασίας μεταξὺ τῶν δύο χωρῶν ἐπὶ ὅλων τῶν ζητημάτων κοινοῦ ἐνδιαφέροντος. Κατὰ τὰς αὐτὰς πληροφορίας, ἡ κυβέρνησις ἐξετάζει τὸ ἐνδεχόμενον νέων μέτρων, τὰ ὁποῖα θὰ ἀνακοινωθοῦν ἐπισήμως μετὰ τὴν ὁλοκλήρωσιν τῶν συζητήσεων. Οἱ παρατηρηταὶ χαρακτηρίζουν τὴν ἐξέλιξιν ὡς σημαντικὴν διὰ τὴν περιοχὴν καὶ τὰς διεθνεῖς σχέσεις, ἐνῷ ἀναμένονται καὶ νέαι δηλώσεις ἐκ μέρους τῶν ἁρμοδίων παραγόντων.
ἡ διάσκεψις τῶν ἐκπροσώπων διεξήχθη εἰς τὴν πρωτεύουσαν ὑπὸ τὴν προεδρίαν τοῦ ὑπουργοῦ, ὁ ὁποῖος ἐδήλωσεν ὅτι αἱ συνομιλίαι θὰ συνεχισθοῦν κατὰ τὰς προσεχεῖς ἡμέρας ἐντὸς πνεύματος ἀμοιβαίας κατανοήσεως καὶ συνεργασίας μεταξὺ τῶν δύο χωρῶν ἐπὶ ὅλων τῶν ζητημάτων κοινοῦ ἐνδιαφέροντος. Κατὰ τὰς αὐτὰς πληροφορίας, ἡ κυβέρνησις ἐξετάζει τὸ ἐνδεχόμενον νέων μέτρων, τὰ ὁποῖα θὰ ἀνακοινωθοῦν ἐπισήμως μετὰ τὴν ὁλοκλήρωσιν τῶν συζητήσεων. Οἱ παρατηρηταὶ χαρακτηρίζουν τὴν ἐξέλιξιν ὡς σημαντικὴν διὰ τὴν περιοχὴν καὶ τὰς διεθνεῖς σχέσεις, ἐνῷ ἀναμένονται καὶ νέαι δηλώσεις ἐκ μέρους τῶν ἁρμοδίων παραγόντων. ἡ διάσκεψις τῶν ἐκπροσώπων διεξήχθη εἰς τὴν πρωτεύουσαν ὑπὸ τὴν προεδρίαν τοῦ ὑπουργοῦ, ὁ ὁποῖος ἐδήλωσεν ὅτι αἱ συνομιλίαι θὰ συνεχισθοῦν κατὰ τὰς προσεχεῖς ἡμέρας ἐντὸς πνεύματος ἀμοιβαίας κατανοήσεως καὶ συνεργασίας μεταξὺ τῶν δύο χωρῶν ἐπὶ ὅλων τῶν ζητημάτων κοινοῦ ἐνδιαφέροντος. Κατὰ τὰς αὐτὰς πληροφορίας, ἡ κυβέρνησις ἐξετάζει τὸ ἐνδεχόμενον νέων μέτρων, τὰ ὁποῖα θὰ ἀνακοινωθοῦν ἐπισήμως μετὰ τὴν ὁλοκλήρωσιν τῶν συζητήσεων. Οἱ παρατηρηταὶ χαρακτηρίζουν τὴν ἐξέλιξιν ὡς σημαντικὴν διὰ τὴν περιοχὴν καὶ τὰς διεθνεῖς σχέσεις, ἐνῷ ἀναμένονται καὶ νέαι δηλώσεις ἐκ μέρους τῶν ἁρμοδίων παραγόντων. ἡ διάσκεψις τῶν ἐκπροσώπων διεξήχθη εἰς τὴν πρωτεύουσαν ὑπὸ τὴν προεδρίαν τοῦ ὑπουργοῦ, ὁ ὁποῖος ἐδήλωσεν ὅτι αἱ συνομιλίαι θὰ συνεχισθοῦν κατὰ τὰς προσεχεῖς ἡμέρας ἐντὸς πνεύματος ἀμοιβαίας κατανοήσεως καὶ συνεργασίας μεταξὺ τῶν δύο χωρῶν ἐπὶ ὅλων τῶν ζητημάτων κοινοῦ ἐνδιαφέροντος. Κατὰ τὰς αὐτὰς πληροφορίας, ἡ κυβέρνησις ἐξετάζει τὸ ἐνδεχόμενον νέων μέτρων, τὰ ὁποῖα θὰ ἀνακοινωθοῦν ἐπισήμως μετὰ τὴν ὁλοκλήρωσιν τῶν συζητήσεων. Οἱ παρατηρηταὶ χαρακτηρίζουν τὴν ἐξέλιξιν ὡς σημαντικὴν διὰ τὴν περιοχὴν καὶ τὰς διεθνεῖς σχέσεις, ἐνῷ ἀναμένονται καὶ νέαι δηλώσεις ἐκ μέρους τῶν ἁρμοδίων παραγόντων.
ΠΡΟΕΤΟΙΜΑΖΕΤΑΙ ΔΙΑΣΚΕΨΙΣ Κ.Κ. ΔΙΑ ΤΗΝ ΑΣΦΑΛΕΙΑΝ ΤΗΣ ΕΥΡΩΠΗΣ
ΙΣΩΣ ΝΑ ΕΙΝΑΙ ΚΑΙ ΚΟΡΥΦΗΣ
ΜΟΣΧΑ, 1. (Ἀσσ. Πρέσ).— ἡ διάσκεψις τῶν ἐκπροσώπων διεξήχθη εἰς τὴν πρωτεύουσαν ὑπὸ τὴν προεδρίαν τοῦ ὑπουργοῦ, ὁ ὁποῖος ἐδήλωσεν ὅτι αἱ συνομιλίαι θὰ συνεχισθοῦν κατὰ τὰς προσεχεῖς ἡμέρας ἐντὸς πνεύματος ἀμοιβαίας κατανοήσεως καὶ συνεργασίας μεταξὺ τῶν δύο χωρῶν ἐπὶ ὅλων τῶν ζητημάτων κοινοῦ ἐνδιαφέροντος. Κατὰ τὰς αὐτὰς πληροφορίας, ἡ κυβέρνησις ἐξετάζει τὸ ἐνδεχόμενον νέων μέτρων, τὰ ὁποῖα θὰ ἀνακοινωθοῦν ἐπισήμως μετὰ τὴν ὁλοκλήρωσιν τῶν συζητήσεων. Οἱ παρατηρηταὶ χαρακτηρίζουν τὴν ἐξέλιξιν ὡς σημαντικὴν διὰ τὴν περιοχὴν καὶ τὰς διεθνεῖς σχέσεις, ἐνῷ ἀναμένονται καὶ νέαι δηλώσεις ἐκ μέρους τῶν ἁρμοδίων παραγόντων.
ΤΕΤΡΑΚΟΣΙΑΙ ΑΙΤΗΣΕΙΣ ΑΜΕΡΙΚΑΝΩΝ ΔΙΑ ΜΕΤΑΒΑΣΙΝ ΕΙΣ ΤΗΝ ΣΕΛΗΝΗΝ
ΣΗΑΤΛ, 1. (Ἀσσ. Πρέσ).— ἡ διάσκεψις τῶν ἐκπροσώπων διεξήχθη εἰς τὴν πρωτεύουσαν ὑπὸ τὴν προεδρίαν τοῦ ὑπουργοῦ, ὁ ὁποῖος ἐδήλωσεν ὅτι αἱ συνομιλίαι θὰ συνεχισθοῦν κατὰ τὰς προσεχεῖς ἡμέρας ἐντὸς πνεύματος ἀμοιβαίας κατανοήσεως καὶ συνεργασίας μεταξὺ τῶν δύο χωρῶν ἐπὶ ὅλων τῶν ζητημάτων κοινοῦ ἐνδιαφέροντος. Κατὰ τὰς αὐτὰς πληροφορίας, ἡ κυβέρνησις ἐξετάζει τὸ ἐνδεχόμενον νέων μέτρων, τὰ ὁποῖα θὰ ἀνακοινωθοῦν ἐπισήμως μετὰ τὴν ὁλοκλήρωσιν τῶν συζητήσεων. Οἱ παρατηρηταὶ χαρακτηρίζουν τὴν ἐξέλιξιν ὡς σημαντικὴν διὰ τὴν περιοχὴν καὶ τὰς διεθνεῖς σχέσεις, ἐνῷ ἀναμένονται καὶ νέαι δηλώσεις ἐκ μέρους τῶν ἁρμοδίων παραγόντων.
Ο ΝΤΕ ΓΚΩΛ ΘΑ ΟΜΙΛΗΣΗ ΠΡΟΣ ΤΟ ΓΑΛΛΙΚΟΝ ΕΘΝΟΣ ΤΗΝ 9ΗΝ ΦΕΒΡΟΥΑΡΙΟΥ
ΠΑΡΙΣΙ, 1. (Ἀσσ. Πρέσ).— ἡ διάσκεψις τῶν ἐκπροσώπων διεξήχθη εἰς τὴν πρωτεύουσαν ὑπὸ τὴν προεδρίαν τοῦ ὑπουργοῦ, ὁ ὁποῖος ἐδήλωσεν ὅτι αἱ συνομιλίαι θὰ συνεχισθοῦν κατὰ τὰς προσεχεῖς ἡμέρας ἐντὸς πνεύματος ἀμοιβαίας κατανοήσεως καὶ συνεργασίας μεταξὺ τῶν δύο χωρῶν ἐπὶ ὅλων τῶν ζητημάτων κοινοῦ ἐνδιαφέροντος. Κατὰ τὰς αὐτὰς πληροφορίας, ἡ κυβέρνησις ἐξετάζει τὸ ἐνδεχόμενον νέων μέτρων, τὰ ὁποῖα θὰ ἀνακοινωθοῦν ἐπισήμως μετὰ τὴν ὁλοκλήρωσιν τῶν συζητήσεων. Οἱ παρατηρηταὶ χαρακτηρίζουν τὴν ἐξέλιξιν ὡς σημαντικὴν διὰ τὴν περιοχὴν καὶ τὰς διεθνεῖς σχέσεις, ἐνῷ ἀναμένονται καὶ νέαι δηλώσεις ἐκ μέρους τῶν ἁρμοδίων παραγόντων.
Η ΑΓΓΛΙΑ ΘΑ ΔΙΑΤΗΡΗΣΗ ΤΗΝ ΣΤΕΡΛΙΝΑΝ ΩΣ ΝΟΜΙΣΜΑΤΙΚΗΝ ΜΟΝΑΔΑ
ΛΟΝΔΙΝΟΝ, 1. (Ρώυτερ).— ἡ διάσκεψις τῶν ἐκπροσώπων διεξήχθη εἰς τὴν πρωτεύουσαν ὑπὸ τὴν προεδρίαν τοῦ ὑπουργοῦ, ὁ ὁποῖος ἐδήλωσεν ὅτι αἱ συνομιλίαι θὰ συνεχισθοῦν κατὰ τὰς προσεχεῖς ἡμέρας ἐντὸς πνεύματος ἀμοιβαίας κατανοήσεως καὶ συνεργασίας μεταξὺ τῶν δύο χωρῶν ἐπὶ ὅλων τῶν ζητημάτων κοινοῦ ἐνδιαφέροντος. Κατὰ τὰς αὐτὰς πληροφορίας, ἡ κυβέρνησις ἐξετάζει τὸ ἐνδεχόμενον νέων μέτρων, τὰ ὁποῖα θὰ ἀνακοινωθοῦν ἐπισήμως μετὰ τὴν ὁλοκλήρωσιν τῶν συζητήσεων. Οἱ παρατηρηταὶ χαρακτηρίζουν τὴν ἐξέλιξιν ὡς σημαντικὴν διὰ τὴν περιοχὴν καὶ τὰς διεθνεῖς σχέσεις, ἐνῷ ἀναμένονται καὶ νέαι δηλώσεις ἐκ μέρους τῶν ἁρμοδίων παραγόντων.
Η ΠΟΛΩΝΙΑ ΕΠΙΚΡΙΝΕΙ ΤΟΥΣ ΙΑΠΩΝΑΣ ΨΗΦΟΦΟΡΟΥΣ
ΒΑΡΣΟΒΙΑ, 1. (Ἀσσ. Πρέσ).— ἡ διάσκεψις τῶν ἐκπροσώπων διεξήχθη εἰς τὴν πρωτεύουσαν ὑπὸ τὴν προεδρίαν τοῦ ὑπουργοῦ, ὁ ὁποῖος ἐδήλωσεν ὅτι αἱ συνομιλίαι θὰ συνεχισθοῦν κατὰ τὰς προσεχεῖς ἡμέρας ἐντὸς πνεύματος ἀμοιβαίας κατανοήσεως καὶ συνεργασίας μεταξὺ τῶν δύο χωρῶν ἐπὶ ὅλων τῶν ζητημάτων κοινοῦ ἐνδιαφέροντος. Κατὰ τὰς αὐτὰς πληροφορίας, ἡ κυβέρνησις ἐξετάζει τὸ ἐνδεχόμενον νέων μέτρων, τὰ ὁποῖα θὰ ἀνακοινωθοῦν ἐπισήμως μετὰ τὴν ὁλοκλήρωσιν τῶν συζητήσεων. Οἱ παρατηρηταὶ χαρακτηρίζουν τὴν ἐξέλιξιν ὡς σημαντικὴν διὰ τὴν περιοχὴν καὶ τὰς διεθνεῖς σχέσεις, ἐνῷ ἀναμένονται καὶ νέαι δηλώσεις ἐκ μέρους τῶν ἁρμοδίων παραγόντων.
ΕΛΗΞΑΝ ΑΙ ΣΥΝΟΜΙΛΙΑΙ ΤΟΥ ΚΕΝΝΕΝΤΥ ΕΙΣ ΤΟ ΛΟΝΔΙΝΟΝ
ΠΑΡΙΣΙ, 1. (Ἀσσ. Πρέσ).— ἡ διάσκεψις τῶν ἐκπροσώπων διεξήχθη εἰς τὴν πρωτεύουσαν ὑπὸ τὴν προεδρίαν τοῦ ὑπουργοῦ, ὁ ὁποῖος ἐδήλωσεν ὅτι αἱ συνομιλίαι θὰ συνεχισθοῦν κατὰ τὰς προσεχεῖς ἡμέρας ἐντὸς πνεύματος ἀμοιβαίας κατανοήσεως καὶ συνεργασίας μεταξὺ τῶν δύο χωρῶν ἐπὶ ὅλων τῶν ζητημάτων κοινοῦ ἐνδιαφέροντος. Κατὰ τὰς αὐτὰς πληροφορίας, ἡ κυβέρνησις ἐξετάζει τὸ ἐνδεχόμενον νέων μέτρων, τὰ ὁποῖα θὰ ἀνακοινωθοῦν ἐπισήμως μετὰ τὴν ὁλοκλήρωσιν τῶν συζητήσεων. Οἱ παρατηρηταὶ χαρακτηρίζουν τὴν ἐξέλιξιν ὡς σημαντικὴν διὰ τὴν περιοχὴν καὶ τὰς διεθνεῖς σχέσεις, ἐνῷ ἀναμένονται καὶ νέαι δηλώσεις ἐκ μέρους τῶν ἁρμοδίων παραγόντων.
ΑΙΓΥΠΤΙΑΚΗ ΑΝΤΙΠΡΟΣΩΠΕΙΑ ΕΙΣ ΧΑΤΖΡΙΑΝ
ΒΙΕΝΝΗ, 1. (Ἀσσ. Πρέσ).— ἡ διάσκεψις τῶν ἐκπροσώπων διεξήχθη εἰς τὴν πρωτεύουσαν ὑπὸ τὴν προεδρίαν τοῦ ὑπουργοῦ, ὁ ὁποῖος ἐδήλωσεν ὅτι αἱ συνομιλίαι θὰ συνεχισθοῦν κατὰ τὰς προσεχεῖς ἡμέρας ἐντὸς πνεύματος ἀμοιβαίας κατανοήσεως καὶ συνεργασίας μεταξὺ τῶν δύο χωρῶν ἐπὶ ὅλων τῶν ζητημάτων κοινοῦ ἐνδιαφέροντος. Κατὰ τὰς αὐτὰς πληροφορίας, ἡ κυβέρνησις ἐξετάζει τὸ ἐνδεχόμενον νέων μέτρων, τὰ ὁποῖα θὰ ἀνακοινωθοῦν ἐπισήμως μετὰ τὴν ὁλοκλήρωσιν τῶν συζητήσεων. Οἱ παρατηρηταὶ χαρακτηρίζουν τὴν ἐξέλιξιν ὡς σημαντικὴν διὰ τὴν περιοχὴν καὶ τὰς διεθνεῖς σχέσεις, ἐνῷ ἀναμένονται καὶ νέαι δηλώσεις ἐκ μέρους τῶν ἁρμοδίων παραγόντων.
ΑΜΕΡΙΚΑΝΙΚΟΝ ΔΑΝΕΙΟΝ ΠΡΟΣ ΤΗΝ ΤΟΥΡΚΙΑΝ
ΟΥΑΣΙΓΚΤΩΝ, 1. (Ρώυτερ).— ἡ διάσκεψις τῶν ἐκπροσώπων διεξήχθη εἰς τὴν πρωτεύουσαν ὑπὸ τὴν προεδρίαν τοῦ ὑπουργοῦ, ὁ ὁποῖος ἐδήλωσεν ὅτι αἱ συνομιλίαι θὰ συνεχισθοῦν κατὰ τὰς προσεχεῖς ἡμέρας ἐντὸς πνεύματος ἀμοιβαίας κατανοήσεως καὶ συνεργασίας μεταξὺ τῶν δύο χωρῶν ἐπὶ ὅλων τῶν ζητημάτων κοινοῦ ἐνδιαφέροντος. Κατὰ τὰς αὐτὰς πληροφορίας, ἡ κυβέρνησις ἐξετάζει τὸ ἐνδεχόμενον νέων μέτρων, τὰ ὁποῖα θὰ ἀνακοινωθοῦν ἐπισήμως μετὰ τὴν ὁλοκλήρωσιν τῶν συζητήσεων. Οἱ παρατηρηταὶ χαρακτηρίζουν τὴν ἐξέλιξιν ὡς σημαντικὴν διὰ τὴν περιοχὴν καὶ τὰς διεθνεῖς σχέσεις, ἐνῷ ἀναμένονται καὶ νέαι δηλώσεις ἐκ μέρους τῶν ἁρμοδίων παραγόντων.
ΠΑΚΙΣΤΑΝΙΚΗ ΑΝΤΙΠΡΟΣΩΠΕΙΑ ΕΙΣ ΒΑΡΣΟΒΙΑΝ
ΒΑΡΣΟΒΙΑ, 1. (Ἀσσ. Πρέσ).— ἡ διάσκεψις τῶν ἐκπροσώπων διεξήχθη εἰς τὴν πρωτεύουσαν ὑπὸ τὴν προεδρίαν τοῦ ὑπουργοῦ, ὁ ὁποῖος ἐδήλωσεν ὅτι αἱ συνομιλίαι θὰ συνεχισθοῦν κατὰ τὰς προσεχεῖς ἡμέρας ἐντὸς πνεύματος ἀμοιβαίας κατανοήσεως καὶ συνεργασίας μεταξὺ τῶν δύο χωρῶν ἐπὶ ὅλων τῶν ζητημάτων κοινοῦ ἐνδιαφέροντος. Κατὰ τὰς αὐτὰς πληροφορίας, ἡ κυβέρνησις ἐξετάζει τὸ ἐνδεχόμενον νέων μέτρων, τὰ ὁποῖα θὰ ἀνακοινωθοῦν ἐπισήμως μετὰ τὴν ὁλοκλήρωσιν τῶν συζητήσεων. Οἱ παρατηρηταὶ χαρακτηρίζουν τὴν ἐξέλιξιν ὡς σημαντικὴν διὰ τὴν περιοχὴν καὶ τὰς διεθνεῖς σχέσεις, ἐνῷ ἀναμένονται καὶ νέαι δηλώσεις ἐκ μέρους τῶν ἁρμοδίων παραγόντων.
ΝΕΑΙ ΤΑΡΑΧΑΙ ΕΙΣ ΤΟ ΑΝΤΕΝ
ΑΝΤΕΝ, 1. (Ἀσσ. Πρέσ).— ἡ διάσκεψις τῶν ἐκπροσώπων διεξήχθη εἰς τὴν πρωτεύουσαν ὑπὸ τὴν προεδρίαν τοῦ ὑπουργοῦ, ὁ ὁποῖος ἐδήλωσεν ὅτι αἱ συνομιλίαι θὰ συνεχισθοῦν κατὰ τὰς προσεχεῖς ἡμέρας ἐντὸς πνεύματος ἀμοιβαίας κατανοήσεως καὶ συνεργασίας μεταξὺ τῶν δύο χωρῶν ἐπὶ ὅλων τῶν ζητημάτων κοινοῦ ἐνδιαφέροντος. Κατὰ τὰς αὐτὰς πληροφορίας, ἡ κυβέρνησις ἐξετάζει τὸ ἐνδεχόμενον νέων μέτρων, τὰ ὁποῖα θὰ ἀνακοινωθοῦν ἐπισήμως μετὰ τὴν ὁλοκλήρωσιν τῶν συζητήσεων. Οἱ παρατηρηταὶ χαρακτηρίζουν τὴν ἐξέλιξιν ὡς σημαντικὴν διὰ τὴν περιοχὴν καὶ τὰς διεθνεῖς σχέσεις, ἐνῷ ἀναμένονται καὶ νέαι δηλώσεις ἐκ μέρους τῶν ἁρμοδίων παραγόντων.
ΤΗΛΕΦΩΝΙΚΗ ΣΥΝΔΕΣΙΣ ΜΟΣΧΑΣ — ΒΙΕΝΝΗΣ
ΜΟΣΧΑ, 1. (Ρώυτερ).— ἡ διάσκεψις τῶν ἐκπροσώπων διεξήχθη εἰς τὴν πρωτεύουσαν ὑπὸ τὴν προεδρίαν τοῦ ὑπουργοῦ, ὁ ὁποῖος ἐδήλωσεν ὅτι αἱ συνομιλίαι θὰ συνεχισθοῦν κατὰ τὰς προσεχεῖς ἡμέρας ἐντὸς πνεύματος ἀμοιβαίας κατανοήσεως καὶ συνεργασίας μεταξὺ τῶν δύο χωρῶν ἐπὶ ὅλων τῶν ζητημάτων κοινοῦ ἐνδιαφέροντος. Κατὰ τὰς αὐτὰς πληροφορίας, ἡ κυβέρνησις ἐξετάζει τὸ ἐνδεχόμενον νέων μέτρων, τὰ ὁποῖα θὰ ἀνακοινωθοῦν ἐπισήμως μετὰ τὴν ὁλοκλήρωσιν τῶν συζητήσεων. Οἱ παρατηρηταὶ χαρακτηρίζουν τὴν ἐξέλιξιν ὡς σημαντικὴν διὰ τὴν περιοχὴν καὶ τὰς διεθνεῖς σχέσεις, ἐνῷ ἀναμένονται καὶ νέαι δηλώσεις ἐκ μέρους τῶν ἁρμοδίων παραγόντων.
Ο Κ. ΣΤΟΥΓΚΑ ΘΑ ΜΕΤΑΒΗ ΕΙΣ ΣΟΜΑΛΙΑΝ
ΒΙΕΝΝΗ, 1. (Ρώυτερ).— ἡ διάσκεψις τῶν ἐκπροσώπων διεξήχθη εἰς τὴν πρωτεύουσαν ὑπὸ τὴν προεδρίαν τοῦ ὑπουργοῦ, ὁ ὁποῖος ἐδήλωσεν ὅτι αἱ συνομιλίαι θὰ συνεχισθοῦν κατὰ τὰς προσεχεῖς ἡμέρας ἐντὸς πνεύματος ἀμοιβαίας κατανοήσεως καὶ συνεργασίας μεταξὺ τῶν δύο χωρῶν ἐπὶ ὅλων τῶν ζητημάτων κοινοῦ ἐνδιαφέροντος. Κατὰ τὰς αὐτὰς πληροφορίας, ἡ κυβέρνησις ἐξετάζει τὸ ἐνδεχόμενον νέων μέτρων, τὰ ὁποῖα θὰ ἀνακοινωθοῦν ἐπισήμως μετὰ τὴν ὁλοκλήρωσιν τῶν συζητήσεων. Οἱ παρατηρηταὶ χαρακτηρίζουν τὴν ἐξέλιξιν ὡς σημαντικὴν διὰ τὴν περιοχὴν καὶ τὰς διεθνεῖς σχέσεις, ἐνῷ ἀναμένονται καὶ νέαι δηλώσεις ἐκ μέρους τῶν ἁρμοδίων παραγόντων.
ΑΙ ΦΙΛΟΜΑΟΪΚΑΙ ΔΥΝΑΜΕΙΣ ΕΘΕΣΑΝ ΥΠΟ ΕΛΕΓΧΟΝ ΤΗΝ ΕΠΑΡΧΙΑΝ ΣΙΝΚΙΑΝΓΚ
Οἱ ὀπαδοὶ τοῦ προέδρου Λίου Σάο ἑτοιμάζονται δι' ἀνταρτοπόλεμον
ΤΟΚΙΟ, 1. (Ἀσσ. Πρέσ καὶ Ρώυτερ).— ἡ διάσκεψις τῶν ἐκπροσώπων διεξήχθη εἰς τὴν πρωτεύουσαν ὑπὸ τὴν προεδρίαν τοῦ ὑπουργοῦ, ὁ ὁποῖος ἐδήλωσεν ὅτι αἱ συνομιλίαι θὰ συνεχισθοῦν κατὰ τὰς προσεχεῖς ἡμέρας ἐντὸς πνεύματος ἀμοιβαίας κατανοήσεως καὶ συνεργασίας μεταξὺ τῶν δύο χωρῶν ἐπὶ ὅλων τῶν ζητημάτων κοινοῦ ἐνδιαφέροντος. Κατὰ τὰς αὐτὰς πληροφορίας, ἡ κυβέρνησις ἐξετάζει τὸ ἐνδεχόμενον νέων μέτρων, τὰ ὁποῖα θὰ ἀνακοινωθοῦν ἐπισήμως μετὰ τὴν ὁλοκλήρωσιν τῶν συζητήσεων. Οἱ παρατηρηταὶ χαρακτηρίζουν τὴν ἐξέλιξιν ὡς σημαντικὴν διὰ τὴν περιοχὴν καὶ τὰς διεθνεῖς σχέσεις, ἐνῷ ἀναμένονται καὶ νέαι δηλώσεις ἐκ μέρους τῶν ἁρμοδίων παραγόντων. ἡ διάσκεψις τῶν ἐκπροσώπων διεξήχθη εἰς τὴν πρωτεύουσαν ὑπὸ τὴν προεδρίαν τοῦ ὑπουργοῦ, ὁ ὁποῖος ἐδήλωσεν ὅτι αἱ συνομιλίαι θὰ συνεχισθοῦν κατὰ τὰς προσεχεῖς ἡμέρας ἐντὸς πνεύματος ἀμοιβαίας κατανοήσεως καὶ συνεργασίας μεταξὺ τῶν δύο χωρῶν ἐπὶ ὅλων τῶν ζητημάτων κοινοῦ ἐνδιαφέροντος. Κατὰ τὰς αὐτὰς πληροφορίας, ἡ κυβέρνησις ἐξετάζει τὸ ἐνδεχόμενον νέων μέτρων, τὰ ὁποῖα θὰ ἀνακοινωθοῦν ἐπισήμως μετὰ τὴν ὁλοκλήρωσιν τῶν συζητήσεων. Οἱ παρατηρηταὶ χαρακτηρίζουν τὴν ἐξέλιξιν ὡς σημαντικὴν διὰ τὴν περιοχὴν καὶ τὰς διεθνεῖς σχέσεις, ἐνῷ ἀναμένονται καὶ νέαι δηλώσεις ἐκ μέρους τῶν ἁρμοδίων παραγόντων.
Η ΣΤΑΣΙΣ ΤΩΝ ΑΓΡΟΤΩΝ
ἡ διάσκεψις τῶν ἐκπροσώπων διεξήχθη εἰς τὴν πρωτεύουσαν ὑπὸ τὴν προεδρίαν τοῦ ὑπουργοῦ, ὁ ὁποῖος ἐδήλωσεν ὅτι αἱ συνομιλίαι θὰ συνεχισθοῦν κατὰ τὰς προσεχεῖς ἡμέρας ἐντὸς πνεύματος ἀμοιβαίας κατανοήσεως καὶ συνεργασίας μεταξὺ τῶν δύο χωρῶν ἐπὶ ὅλων τῶν ζητημάτων κοινοῦ ἐνδιαφέροντος. Κατὰ τὰς αὐτὰς πληροφορίας, ἡ κυβέρνησις ἐξετάζει τὸ ἐνδεχόμενον νέων μέτρων, τὰ ὁποῖα θὰ ἀνακοινωθοῦν ἐπισήμως μετὰ τὴν ὁλοκλήρωσιν τῶν συζητήσεων. Οἱ παρατηρηταὶ χαρακτηρίζουν τὴν ἐξέλιξιν ὡς σημαντικὴν διὰ τὴν περιοχὴν καὶ τὰς διεθνεῖς σχέσεις, ἐνῷ ἀναμένονται καὶ νέαι δηλώσεις ἐκ μέρους τῶν ἁρμοδίων παραγόντων. ἡ διάσκεψις τῶν ἐκπροσώπων διεξήχθη εἰς τὴν πρωτεύουσαν ὑπὸ τὴν προεδρίαν τοῦ ὑπουργοῦ, ὁ ὁποῖος ἐδήλωσεν ὅτι αἱ συνομιλίαι θὰ συνεχισθοῦν κατὰ τὰς προσεχεῖς ἡμέρας ἐντὸς πνεύματος ἀμοιβαίας κατανοήσεως καὶ συνεργασίας μεταξὺ τῶν δύο χωρῶν ἐπὶ ὅλων τῶν ζητημάτων κοινοῦ ἐνδιαφέροντος. Κατὰ τὰς αὐτὰς πληροφορίας, ἡ κυβέρνησις ἐξετάζει τὸ ἐνδεχόμενον νέων μέτρων, τὰ ὁποῖα θὰ ἀνακοινωθοῦν ἐπισήμως μετὰ τὴν ὁλοκλήρωσιν τῶν συζητήσεων. Οἱ παρατηρηταὶ χαρακτηρίζουν τὴν ἐξέλιξιν ὡς σημαντικὴν διὰ τὴν περιοχὴν καὶ τὰς διεθνεῖς σχέσεις, ἐνῷ ἀναμένονται καὶ νέαι δηλώσεις ἐκ μέρους τῶν ἁρμοδίων παραγόντων.
ΝΕΑΙ ΕΚΚΑΘΑΡΙΣΕΙΣ
ἡ διάσκεψις τῶν ἐκπροσώπων διεξήχθη εἰς τὴν πρωτεύουσαν ὑπὸ τὴν προεδρίαν τοῦ ὑπουργοῦ, ὁ ὁποῖος ἐδήλωσεν ὅτι αἱ συνομιλίαι θὰ συνεχισθοῦν κατὰ τὰς προσεχεῖς ἡμέρας ἐντὸς πνεύματος ἀμοιβαίας κατανοήσεως καὶ συνεργασίας μεταξὺ τῶν δύο χωρῶν ἐπὶ ὅλων τῶν ζητημάτων κοινοῦ ἐνδιαφέροντος. Κατὰ τὰς αὐτὰς πληροφορίας, ἡ κυβέρνησις ἐξετάζει τὸ ἐνδεχόμενον νέων μέτρων, τὰ ὁποῖα θὰ ἀνακοινωθοῦν ἐπισήμως μετὰ τὴν ὁλοκλήρωσιν τῶν συζητήσεων. Οἱ παρατηρηταὶ χαρακτηρίζουν τὴν ἐξέλιξιν ὡς σημαντικὴν διὰ τὴν περιοχὴν καὶ τὰς διεθνεῖς σχέσεις, ἐνῷ ἀναμένονται καὶ νέαι δηλώσεις ἐκ μέρους τῶν ἁρμοδίων παραγόντων.
ΑΛΛΑΙ ΕΠΙΤΥΧΙΑΙ
ἡ διάσκεψις τῶν ἐκπροσώπων διεξήχθη εἰς τὴν πρωτεύουσαν ὑπὸ τὴν προεδρίαν τοῦ ὑπουργοῦ, ὁ ὁποῖος ἐδήλωσεν ὅτι αἱ συνομιλίαι θὰ συνεχισθοῦν κατὰ τὰς προσεχεῖς ἡμέρας ἐντὸς πνεύματος ἀμοιβαίας κατανοήσεως καὶ συνεργασίας μεταξὺ τῶν δύο χωρῶν ἐπὶ ὅλων τῶν ζητημάτων κοινοῦ ἐνδιαφέροντος. Κατὰ τὰς αὐτὰς πληροφορίας, ἡ κυβέρνησις ἐξετάζει τὸ ἐνδεχόμενον νέων μέτρων, τὰ ὁποῖα θὰ ἀνακοινωθοῦν ἐπισήμως μετὰ τὴν ὁλοκλήρωσιν τῶν συζητήσεων. Οἱ παρατηρηταὶ χαρακτηρίζουν τὴν ἐξέλιξιν ὡς σημαντικὴν διὰ τὴν περιοχὴν καὶ τὰς διεθνεῖς σχέσεις, ἐνῷ ἀναμένονται καὶ νέαι δηλώσεις ἐκ μέρους τῶν ἁρμοδίων παραγόντων.
ΠΡΑΞΕΙΣ ΒΙΑΣ
ἡ διάσκεψις τῶν ἐκπροσώπων διεξήχθη εἰς τὴν πρωτεύουσαν ὑπὸ τὴν προεδρίαν τοῦ ὑπουργοῦ, ὁ ὁποῖος ἐδήλωσεν ὅτι αἱ συνομιλίαι θὰ συνεχισθοῦν κατὰ τὰς προσεχεῖς ἡμέρας ἐντὸς πνεύματος ἀμοιβαίας κατανοήσεως καὶ συνεργασίας μεταξὺ τῶν δύο χωρῶν ἐπὶ ὅλων τῶν ζητημάτων κοινοῦ ἐνδιαφέροντος. Κατὰ τὰς αὐτὰς πληροφορίας, ἡ κυβέρνησις ἐξετάζει τὸ ἐνδεχόμενον νέων μέτρων, τὰ ὁποῖα θὰ ἀνακοινωθοῦν ἐπισήμως μετὰ τὴν ὁλοκλήρωσιν τῶν συζητήσεων. Οἱ παρατηρηταὶ χαρακτηρίζουν τὴν ἐξέλιξιν ὡς σημαντικὴν διὰ τὴν περιοχὴν καὶ τὰς διεθνεῖς σχέσεις, ἐνῷ ἀναμένονται καὶ νέαι δηλώσεις ἐκ μέρους τῶν ἁρμοδίων παραγόντων.
ΟΙ ΠΛΟΕΣ ΤΩΝ ΠΛΟΙΩΝ
ἡ διάσκεψις τῶν ἐκπροσώπων διεξήχθη εἰς τὴν πρωτεύουσαν ὑπὸ τὴν προεδρίαν τοῦ ὑπουργοῦ, ὁ ὁποῖος ἐδήλωσεν ὅτι αἱ συνομιλίαι θὰ συνεχισθοῦν κατὰ τὰς προσεχεῖς ἡμέρας ἐντὸς πνεύματος ἀμοιβαίας κατανοήσεως καὶ συνεργασίας μεταξὺ τῶν δύο χωρῶν ἐπὶ ὅλων τῶν ζητημάτων κοινοῦ ἐνδιαφέροντος. Κατὰ τὰς αὐτὰς πληροφορίας, ἡ κυβέρνησις ἐξετάζει τὸ ἐνδεχόμενον νέων μέτρων, τὰ ὁποῖα θὰ ἀνακοινωθοῦν ἐπισήμως μετὰ τὴν ὁλοκλήρωσιν τῶν συζητήσεων. Οἱ παρατηρηταὶ χαρακτηρίζουν τὴν ἐξέλιξιν ὡς σημαντικὴν διὰ τὴν περιοχὴν καὶ τὰς διεθνεῖς σχέσεις, ἐνῷ ἀναμένονται καὶ νέαι δηλώσεις ἐκ μέρους τῶν ἁρμοδίων παραγόντων.
ΚΙΝΕΖΙΚΗ ΔΙΑΜΑΡΤΥΡΙΑ
ἡ διάσκεψις τῶν ἐκπροσώπων διεξήχθη εἰς τὴν πρωτεύουσαν ὑπὸ τὴν προεδρίαν τοῦ ὑπουργοῦ, ὁ ὁποῖος ἐδήλωσεν ὅτι αἱ συνομιλίαι θὰ συνεχισθοῦν κατὰ τὰς προσεχεῖς ἡμέρας ἐντὸς πνεύματος ἀμοιβαίας κατανοήσεως καὶ συνεργασίας μεταξὺ τῶν δύο χωρῶν ἐπὶ ὅλων τῶν ζητημάτων κοινοῦ ἐνδιαφέροντος. Κατὰ τὰς αὐτὰς πληροφορίας, ἡ κυβέρνησις ἐξετάζει τὸ ἐνδεχόμενον νέων μέτρων, τὰ ὁποῖα θὰ ἀνακοινωθοῦν ἐπισήμως μετὰ τὴν ὁλοκλήρωσιν τῶν συζητήσεων. Οἱ παρατηρηταὶ χαρακτηρίζουν τὴν ἐξέλιξιν ὡς σημαντικὴν διὰ τὴν περιοχὴν καὶ τὰς διεθνεῖς σχέσεις, ἐνῷ ἀναμένονται καὶ νέαι δηλώσεις ἐκ μέρους τῶν ἁρμοδίων παραγόντων.
ΠΡΟΣ ΔΙΑΚΟΠΗΝ
ἡ διάσκεψις τῶν ἐκπροσώπων διεξήχθη εἰς τὴν πρωτεύουσαν ὑπὸ τὴν προεδρίαν τοῦ ὑπουργοῦ, ὁ ὁποῖος ἐδήλωσεν ὅτι αἱ συνομιλίαι θὰ συνεχισθοῦν κατὰ τὰς προσεχεῖς ἡμέρας ἐντὸς πνεύματος ἀμοιβαίας κατανοήσεως καὶ συνεργασίας μεταξὺ τῶν δύο χωρῶν ἐπὶ ὅλων τῶν ζητημάτων κοινοῦ ἐνδιαφέροντος. Κατὰ τὰς αὐτὰς πληροφορίας, ἡ κυβέρνησις ἐξετάζει τὸ ἐνδεχόμενον νέων μέτρων, τὰ ὁποῖα θὰ ἀνακοινωθοῦν ἐπισήμως μετὰ τὴν ὁλοκλήρωσιν τῶν συζητήσεων. Οἱ παρατηρηταὶ χαρακτηρίζουν τὴν ἐξέλιξιν ὡς σημαντικὴν διὰ τὴν περιοχὴν καὶ τὰς διεθνεῖς σχέσεις, ἐνῷ ἀναμένονται καὶ νέαι δηλώσεις ἐκ μέρους τῶν ἁρμοδίων παραγόντων.
ΠΡΟΠΑΓΑΝΔΙΣΜΟΣ
ἡ διάσκεψις τῶν ἐκπροσώπων διεξήχθη εἰς τὴν πρωτεύουσαν ὑπὸ τὴν προεδρίαν τοῦ ὑπουργοῦ, ὁ ὁποῖος ἐδήλωσεν ὅτι αἱ συνομιλίαι θὰ συνεχισθοῦν κατὰ τὰς προσεχεῖς ἡμέρας ἐντὸς πνεύματος ἀμοιβαίας κατανοήσεως καὶ συνεργασίας μεταξὺ τῶν δύο χωρῶν ἐπὶ ὅλων τῶν ζητημάτων κοινοῦ ἐνδιαφέροντος. Κατὰ τὰς αὐτὰς πληροφορίας, ἡ κυβέρνησις ἐξετάζει τὸ ἐνδεχόμενον νέων μέτρων, τὰ ὁποῖα θὰ ἀνακοινωθοῦν ἐπισήμως μετὰ τὴν ὁλοκλήρωσιν τῶν συζητήσεων. Οἱ παρατηρηταὶ χαρακτηρίζουν τὴν ἐξέλιξιν ὡς σημαντικὴν διὰ τὴν περιοχὴν καὶ τὰς διεθνεῖς σχέσεις, ἐνῷ ἀναμένονται καὶ νέαι δηλώσεις ἐκ μέρους τῶν ἁρμοδίων παραγόντων.
ΕΠΕΙΣΟΔΙΑ ΕΙΣ ΜΟΣΧΑΝ
ἡ διάσκεψις τῶν ἐκπροσώπων διεξήχθη εἰς τὴν πρωτεύουσαν ὑπὸ τὴν προεδρίαν τοῦ ὑπουργοῦ, ὁ ὁποῖος ἐδήλωσεν ὅτι αἱ συνομιλίαι θὰ συνεχισθοῦν κατὰ τὰς προσεχεῖς ἡμέρας ἐντὸς πνεύματος ἀμοιβαίας κατανοήσεως καὶ συνεργασίας μεταξὺ τῶν δύο χωρῶν ἐπὶ ὅλων τῶν ζητημάτων κοινοῦ ἐνδιαφέροντος. Κατὰ τὰς αὐτὰς πληροφορίας, ἡ κυβέρνησις ἐξετάζει τὸ ἐνδεχόμενον νέων μέτρων, τὰ ὁποῖα θὰ ἀνακοινωθοῦν ἐπισήμως μετὰ τὴν ὁλοκλήρωσιν τῶν συζητήσεων. Οἱ παρατηρηταὶ χαρακτηρίζουν τὴν ἐξέλιξιν ὡς σημαντικὴν διὰ τὴν περιοχὴν καὶ τὰς διεθνεῖς σχέσεις, ἐνῷ ἀναμένονται καὶ νέαι δηλώσεις ἐκ μέρους τῶν ἁρμοδίων παραγόντων.
ΕΠΙΣΚΕΨΙΣ ΣΥΝΑΝΤΗΣΙΣ ΓΑΛΛΟΥ
ἡ διάσκεψις τῶν ἐκπροσώπων διεξήχθη εἰς τὴν πρωτεύουσαν ὑπὸ τὴν προεδρίαν τοῦ ὑπουργοῦ, ὁ ὁποῖος ἐδήλωσεν ὅτι αἱ συνομιλίαι θὰ συνεχισθοῦν κατὰ τὰς προσεχεῖς ἡμέρας ἐντὸς πνεύματος ἀμοιβαίας κατανοήσεως καὶ συνεργασίας μεταξὺ τῶν δύο χωρῶν ἐπὶ ὅλων τῶν ζητημάτων κοινοῦ ἐνδιαφέροντος. Κατὰ τὰς αὐτὰς πληροφορίας, ἡ κυβέρνησις ἐξετάζει τὸ ἐνδεχόμενον νέων μέτρων, τὰ ὁποῖα θὰ ἀνακοινωθοῦν ἐπισήμως μετὰ τὴν ὁλοκλήρωσιν τῶν συζητήσεων. Οἱ παρατηρηταὶ χαρακτηρίζουν τὴν ἐξέλιξιν ὡς σημαντικὴν διὰ τὴν περιοχὴν καὶ τὰς διεθνεῖς σχέσεις, ἐνῷ ἀναμένονται καὶ νέαι δηλώσεις ἐκ μέρους τῶν ἁρμοδίων παραγόντων.
ΡΩΣΣΟΑΜΕΡΙΚΑΝΙΚΗΝ ΣΥΜΠΑΙΓΝΙΑΝ ΕΠΙ ΤΟΥ ΒΙΕΤΝΑΜΙΚΟΥ ΘΕΜΑΤΟΣ ΔΙΑΒΛΕΠΟΥΝ ΟΙ ΚΙΝΕΖΟΙ ΗΓΕΤΑΙ
Τὸ Ἀνόϊ, κατὰ τὰς Ἡν. Πολιτείας ἐγκαταλείπει τὴν ἀδιαλλαξίαν του
ΧΟΓΚ ΚΟΓΚ, 1. (Ρώυτερ).— ἡ διάσκεψις τῶν ἐκπροσώπων διεξήχθη εἰς τὴν πρωτεύουσαν ὑπὸ τὴν προεδρίαν τοῦ ὑπουργοῦ, ὁ ὁποῖος ἐδήλωσεν ὅτι αἱ συνομιλίαι θὰ συνεχισθοῦν κατὰ τὰς προσεχεῖς ἡμέρας ἐντὸς πνεύματος ἀμοιβαίας κατανοήσεως καὶ συνεργασίας μεταξὺ τῶν δύο χωρῶν ἐπὶ ὅλων τῶν ζητημάτων κοινοῦ ἐνδιαφέροντος. Κατὰ τὰς αὐτὰς πληροφορίας, ἡ κυβέρνησις ἐξετάζει τὸ ἐνδεχόμενον νέων μέτρων, τὰ ὁποῖα θὰ ἀνακοινωθοῦν ἐπισήμως μετὰ τὴν ὁλοκλήρωσιν τῶν συζητήσεων. Οἱ παρατηρηταὶ χαρακτηρίζουν τὴν ἐξέλιξιν ὡς σημαντικὴν διὰ τὴν περιοχὴν καὶ τὰς διεθνεῖς σχέσεις, ἐνῷ ἀναμένονται καὶ νέαι δηλώσεις ἐκ μέρους τῶν ἁρμοδίων παραγόντων. ἡ διάσκεψις τῶν ἐκπροσώπων διεξήχθη εἰς τὴν πρωτεύουσαν ὑπὸ τὴν προεδρίαν τοῦ ὑπουργοῦ, ὁ ὁποῖος ἐδήλωσεν ὅτι αἱ συνομιλίαι θὰ συνεχισθοῦν κατὰ τὰς προσεχεῖς ἡμέρας ἐντὸς πνεύματος ἀμοιβαίας κατανοήσεως καὶ συνεργασίας μεταξὺ τῶν δύο χωρῶν ἐπὶ ὅλων τῶν ζητημάτων κοινοῦ ἐνδιαφέροντος. Κατὰ τὰς αὐτὰς πληροφορίας, ἡ κυβέρνησις ἐξετάζει τὸ ἐνδεχόμενον νέων μέτρων, τὰ ὁποῖα θὰ ἀνακοινωθοῦν ἐπισήμως μετὰ τὴν ὁλοκλήρωσιν τῶν συζητήσεων. Οἱ παρατηρηταὶ χαρακτηρίζουν τὴν ἐξέλιξιν ὡς σημαντικὴν διὰ τὴν περιοχὴν καὶ τὰς διεθνεῖς σχέσεις, ἐνῷ ἀναμένονται καὶ νέαι δηλώσεις ἐκ μέρους τῶν ἁρμοδίων παραγόντων.
ΑΓΓΛΟΙ ΔΙΑΘΕΣΕΙΣ
ἡ διάσκεψις τῶν ἐκπροσώπων διεξήχθη εἰς τὴν πρωτεύουσαν ὑπὸ τὴν προεδρίαν τοῦ ὑπουργοῦ, ὁ ὁποῖος ἐδήλωσεν ὅτι αἱ συνομιλίαι θὰ συνεχισθοῦν κατὰ τὰς προσεχεῖς ἡμέρας ἐντὸς πνεύματος ἀμοιβαίας κατανοήσεως καὶ συνεργασίας μεταξὺ τῶν δύο χωρῶν ἐπὶ ὅλων τῶν ζητημάτων κοινοῦ ἐνδιαφέροντος. Κατὰ τὰς αὐτὰς πληροφορίας, ἡ κυβέρνησις ἐξετάζει τὸ ἐνδεχόμενον νέων μέτρων, τὰ ὁποῖα θὰ ἀνακοινωθοῦν ἐπισήμως μετὰ τὴν ὁλοκλήρωσιν τῶν συζητήσεων. Οἱ παρατηρηταὶ χαρακτηρίζουν τὴν ἐξέλιξιν ὡς σημαντικὴν διὰ τὴν περιοχὴν καὶ τὰς διεθνεῖς σχέσεις, ἐνῷ ἀναμένονται καὶ νέαι δηλώσεις ἐκ μέρους τῶν ἁρμοδίων παραγόντων.
ΑΙ ΔΗΛΩΣΕΙΣ ΤΟΥ ΑΝΟΪ
ἡ διάσκεψις τῶν ἐκπροσώπων διεξήχθη εἰς τὴν πρωτεύουσαν ὑπὸ τὴν προεδρίαν τοῦ ὑπουργοῦ, ὁ ὁποῖος ἐδήλωσεν ὅτι αἱ συνομιλίαι θὰ συνεχισθοῦν κατὰ τὰς προσεχεῖς ἡμέρας ἐντὸς πνεύματος ἀμοιβαίας κατανοήσεως καὶ συνεργασίας μεταξὺ τῶν δύο χωρῶν ἐπὶ ὅλων τῶν ζητημάτων κοινοῦ ἐνδιαφέροντος. Κατὰ τὰς αὐτὰς πληροφορίας, ἡ κυβέρνησις ἐξετάζει τὸ ἐνδεχόμενον νέων μέτρων, τὰ ὁποῖα θὰ ἀνακοινωθοῦν ἐπισήμως μετὰ τὴν ὁλοκλήρωσιν τῶν συζητήσεων. Οἱ παρατηρηταὶ χαρακτηρίζουν τὴν ἐξέλιξιν ὡς σημαντικὴν διὰ τὴν περιοχὴν καὶ τὰς διεθνεῖς σχέσεις, ἐνῷ ἀναμένονται καὶ νέαι δηλώσεις ἐκ μέρους τῶν ἁρμοδίων παραγόντων. ἡ διάσκεψις τῶν ἐκπροσώπων διεξήχθη εἰς τὴν πρωτεύουσαν ὑπὸ τὴν προεδρίαν τοῦ ὑπουργοῦ, ὁ ὁποῖος ἐδήλωσεν ὅτι αἱ συνομιλίαι θὰ συνεχισθοῦν κατὰ τὰς προσεχεῖς ἡμέρας ἐντὸς πνεύματος ἀμοιβαίας κατανοήσεως καὶ συνεργασίας μεταξὺ τῶν δύο χωρῶν ἐπὶ ὅλων τῶν ζητημάτων κοινοῦ ἐνδιαφέροντος. Κατὰ τὰς αὐτὰς πληροφορίας, ἡ κυβέρνησις ἐξετάζει τὸ ἐνδεχόμενον νέων μέτρων, τὰ ὁποῖα θὰ ἀνακοινωθοῦν ἐπισήμως μετὰ τὴν ὁλοκλήρωσιν τῶν συζητήσεων. Οἱ παρατηρηταὶ χαρακτηρίζουν τὴν ἐξέλιξιν ὡς σημαντικὴν διὰ τὴν περιοχὴν καὶ τὰς διεθνεῖς σχέσεις, ἐνῷ ἀναμένονται καὶ νέαι δηλώσεις ἐκ μέρους τῶν ἁρμοδίων παραγόντων.
Ο ΡΟΛΟΣ ΤΗΣ ΓΑΛΛΙΑΣ
ἡ διάσκεψις τῶν ἐκπροσώπων διεξήχθη εἰς τὴν πρωτεύουσαν ὑπὸ τὴν προεδρίαν τοῦ ὑπουργοῦ, ὁ ὁποῖος ἐδήλωσεν ὅτι αἱ συνομιλίαι θὰ συνεχισθοῦν κατὰ τὰς προσεχεῖς ἡμέρας ἐντὸς πνεύματος ἀμοιβαίας κατανοήσεως καὶ συνεργασίας μεταξὺ τῶν δύο χωρῶν ἐπὶ ὅλων τῶν ζητημάτων κοινοῦ ἐνδιαφέροντος. Κατὰ τὰς αὐτὰς πληροφορίας, ἡ κυβέρνησις ἐξετάζει τὸ ἐνδεχόμενον νέων μέτρων, τὰ ὁποῖα θὰ ἀνακοινωθοῦν ἐπισήμως μετὰ τὴν ὁλοκλήρωσιν τῶν συζητήσεων. Οἱ παρατηρηταὶ χαρακτηρίζουν τὴν ἐξέλιξιν ὡς σημαντικὴν διὰ τὴν περιοχὴν καὶ τὰς διεθνεῖς σχέσεις, ἐνῷ ἀναμένονται καὶ νέαι δηλώσεις ἐκ μέρους τῶν ἁρμοδίων παραγόντων. ἡ διάσκεψις τῶν ἐκπροσώπων διεξήχθη εἰς τὴν πρωτεύουσαν ὑπὸ τὴν προεδρίαν τοῦ ὑπουργοῦ, ὁ ὁποῖος ἐδήλωσεν ὅτι αἱ συνομιλίαι θὰ συνεχισθοῦν κατὰ τὰς προσεχεῖς ἡμέρας ἐντὸς πνεύματος ἀμοιβαίας κατανοήσεως καὶ συνεργασίας μεταξὺ τῶν δύο χωρῶν ἐπὶ ὅλων τῶν ζητημάτων κοινοῦ ἐνδιαφέροντος. Κατὰ τὰς αὐτὰς πληροφορίας, ἡ κυβέρνησις ἐξετάζει τὸ ἐνδεχόμενον νέων μέτρων, τὰ ὁποῖα θὰ ἀνακοινωθοῦν ἐπισήμως μετὰ τὴν ὁλοκλήρωσιν τῶν συζητήσεων. Οἱ παρατηρηταὶ χαρακτηρίζουν τὴν ἐξέλιξιν ὡς σημαντικὴν διὰ τὴν περιοχὴν καὶ τὰς διεθνεῖς σχέσεις, ἐνῷ ἀναμένονται καὶ νέαι δηλώσεις ἐκ μέρους τῶν ἁρμοδίων παραγόντων.
ἡ διάσκεψις τῶν ἐκπροσώπων διεξήχθη εἰς τὴν πρωτεύουσαν ὑπὸ τὴν προεδρίαν τοῦ ὑπουργοῦ, ὁ ὁποῖος ἐδήλωσεν ὅτι αἱ συνομιλίαι θὰ συνεχισθοῦν κατὰ τὰς προσεχεῖς ἡμέρας ἐντὸς πνεύματος ἀμοιβαίας κατανοήσεως καὶ συνεργασίας μεταξὺ τῶν δύο χωρῶν ἐπὶ ὅλων τῶν ζητημάτων κοινοῦ ἐνδιαφέροντος. Κατὰ τὰς αὐτὰς πληροφορίας, ἡ κυβέρνησις ἐξετάζει τὸ ἐνδεχόμενον νέων μέτρων, τὰ ὁποῖα θὰ ἀνακοινωθοῦν ἐπισήμως μετὰ τὴν ὁλοκλήρωσιν τῶν συζητήσεων. Οἱ παρατηρηταὶ χαρακτηρίζουν τὴν ἐξέλιξιν ὡς σημαντικὴν διὰ τὴν περιοχὴν καὶ τὰς διεθνεῖς σχέσεις, ἐνῷ ἀναμένονται καὶ νέαι δηλώσεις ἐκ μέρους τῶν ἁρμοδίων παραγόντων.
ΑΙ ΕΠΙΔΡΟΜΑΙ
ἡ διάσκεψις τῶν ἐκπροσώπων διεξήχθη εἰς τὴν πρωτεύουσαν ὑπὸ τὴν προεδρίαν τοῦ ὑπουργοῦ, ὁ ὁποῖος ἐδήλωσεν ὅτι αἱ συνομιλίαι θὰ συνεχισθοῦν κατὰ τὰς προσεχεῖς ἡμέρας ἐντὸς πνεύματος ἀμοιβαίας κατανοήσεως καὶ συνεργασίας μεταξὺ τῶν δύο χωρῶν ἐπὶ ὅλων τῶν ζητημάτων κοινοῦ ἐνδιαφέροντος. Κατὰ τὰς αὐτὰς πληροφορίας, ἡ κυβέρνησις ἐξετάζει τὸ ἐνδεχόμενον νέων μέτρων, τὰ ὁποῖα θὰ ἀνακοινωθοῦν ἐπισήμως μετὰ τὴν ὁλοκλήρωσιν τῶν συζητήσεων. Οἱ παρατηρηταὶ χαρακτηρίζουν τὴν ἐξέλιξιν ὡς σημαντικὴν διὰ τὴν περιοχὴν καὶ τὰς διεθνεῖς σχέσεις, ἐνῷ ἀναμένονται καὶ νέαι δηλώσεις ἐκ μέρους τῶν ἁρμοδίων παραγόντων.
ΑΙ ΑΠΩΛΕΙΑΙ
ἡ διάσκεψις τῶν ἐκπροσώπων διεξήχθη εἰς τὴν πρωτεύουσαν ὑπὸ τὴν προεδρίαν τοῦ ὑπουργοῦ, ὁ ὁποῖος ἐδήλωσεν ὅτι αἱ συνομιλίαι θὰ συνεχισθοῦν κατὰ τὰς προσεχεῖς ἡμέρας ἐντὸς πνεύματος ἀμοιβαίας κατανοήσεως καὶ συνεργασίας μεταξὺ τῶν δύο χωρῶν ἐπὶ ὅλων τῶν ζητημάτων κοινοῦ ἐνδιαφέροντος. Κατὰ τὰς αὐτὰς πληροφορίας, ἡ κυβέρνησις ἐξετάζει τὸ ἐνδεχόμενον νέων μέτρων, τὰ ὁποῖα θὰ ἀνακοινωθοῦν ἐπισήμως μετὰ τὴν ὁλοκλήρωσιν τῶν συζητήσεων. Οἱ παρατηρηταὶ χαρακτηρίζουν τὴν ἐξέλιξιν ὡς σημαντικὴν διὰ τὴν περιοχὴν καὶ τὰς διεθνεῖς σχέσεις, ἐνῷ ἀναμένονται καὶ νέαι δηλώσεις ἐκ μέρους τῶν ἁρμοδίων παραγόντων.
ΤΡΑΓΙΚΟΝ ΛΑΘΟΣ
ἡ διάσκεψις τῶν ἐκπροσώπων διεξήχθη εἰς τὴν πρωτεύουσαν ὑπὸ τὴν προεδρίαν τοῦ ὑπουργοῦ, ὁ ὁποῖος ἐδήλωσεν ὅτι αἱ συνομιλίαι θὰ συνεχισθοῦν κατὰ τὰς προσεχεῖς ἡμέρας ἐντὸς πνεύματος ἀμοιβαίας κατανοήσεως καὶ συνεργασίας μεταξὺ τῶν δύο χωρῶν ἐπὶ ὅλων τῶν ζητημάτων κοινοῦ ἐνδιαφέροντος. Κατὰ τὰς αὐτὰς πληροφορίας, ἡ κυβέρνησις ἐξετάζει τὸ ἐνδεχόμενον νέων μέτρων, τὰ ὁποῖα θὰ ἀνακοινωθοῦν ἐπισήμως μετὰ τὴν ὁλοκλήρωσιν τῶν συζητήσεων. Οἱ παρατηρηταὶ χαρακτηρίζουν τὴν ἐξέλιξιν ὡς σημαντικὴν διὰ τὴν περιοχὴν καὶ τὰς διεθνεῖς σχέσεις, ἐνῷ ἀναμένονται καὶ νέαι δηλώσεις ἐκ μέρους τῶν ἁρμοδίων παραγόντων.
ΣΙΩΠΗΛΗ ΠΑΡΕΛΑΣΙΣ
ἡ διάσκεψις τῶν ἐκπροσώπων διεξήχθη εἰς τὴν πρωτεύουσαν ὑπὸ τὴν προεδρίαν τοῦ ὑπουργοῦ, ὁ ὁποῖος ἐδήλωσεν ὅτι αἱ συνομιλίαι θὰ συνεχισθοῦν κατὰ τὰς προσεχεῖς ἡμέρας ἐντὸς πνεύματος ἀμοιβαίας κατανοήσεως καὶ συνεργασίας μεταξὺ τῶν δύο χωρῶν ἐπὶ ὅλων τῶν ζητημάτων κοινοῦ ἐνδιαφέροντος. Κατὰ τὰς αὐτὰς πληροφορίας, ἡ κυβέρνησις ἐξετάζει τὸ ἐνδεχόμενον νέων μέτρων, τὰ ὁποῖα θὰ ἀνακοινωθοῦν ἐπισήμως μετὰ τὴν ὁλοκλήρωσιν τῶν συζητήσεων. Οἱ παρατηρηταὶ χαρακτηρίζουν τὴν ἐξέλιξιν ὡς σημαντικὴν διὰ τὴν περιοχὴν καὶ τὰς διεθνεῖς σχέσεις, ἐνῷ ἀναμένονται καὶ νέαι δηλώσεις ἐκ μέρους τῶν ἁρμοδίων παραγόντων.
ΗΥΞΗΘΗ Ο ΑΡΙΘΜΟΣ ΤΩΝ ΦΟΙΤΗΤΩΝ ΕΙΣ ΟΛΟΝ ΤΟΝ ΚΟΣΜΟΝ
ἡ διάσκεψις τῶν ἐκπροσώπων διεξήχθη εἰς τὴν πρωτεύουσαν ὑπὸ τὴν προεδρίαν τοῦ ὑπουργοῦ, ὁ ὁποῖος ἐδήλωσεν ὅτι αἱ συνομιλίαι θὰ συνεχισθοῦν κατὰ τὰς προσεχεῖς ἡμέρας ἐντὸς πνεύματος ἀμοιβαίας κατανοήσεως καὶ συνεργασίας μεταξὺ τῶν δύο χωρῶν ἐπὶ ὅλων τῶν ζητημάτων κοινοῦ ἐνδιαφέροντος. Κατὰ τὰς αὐτὰς πληροφορίας, ἡ κυβέρνησις ἐξετάζει τὸ ἐνδεχόμενον νέων μέτρων, τὰ ὁποῖα θὰ ἀνακοινωθοῦν ἐπισήμως μετὰ τὴν ὁλοκλήρωσιν τῶν συζητήσεων. Οἱ παρατηρηταὶ χαρακτηρίζουν τὴν ἐξέλιξιν ὡς σημαντικὴν διὰ τὴν περιοχὴν καὶ τὰς διεθνεῖς σχέσεις, ἐνῷ ἀναμένονται καὶ νέαι δηλώσεις ἐκ μέρους τῶν ἁρμοδίων παραγόντων.
ΚΑΤΑΡΡΙΨΙΣ ΑΕΡΟΠΛΑΝΩΝ
ἡ διάσκεψις τῶν ἐκπροσώπων διεξήχθη εἰς τὴν πρωτεύουσαν ὑπὸ τὴν προεδρίαν τοῦ ὑπουργοῦ, ὁ ὁποῖος ἐδήλωσεν ὅτι αἱ συνομιλίαι θὰ συνεχισθοῦν κατὰ τὰς προσεχεῖς ἡμέρας ἐντὸς πνεύματος ἀμοιβαίας κατανοήσεως καὶ συνεργασίας μεταξὺ τῶν δύο χωρῶν ἐπὶ ὅλων τῶν ζητημάτων κοινοῦ ἐνδιαφέροντος. Κατὰ τὰς αὐτὰς πληροφορίας, ἡ κυβέρνησις ἐξετάζει τὸ ἐνδεχόμενον νέων μέτρων, τὰ ὁποῖα θὰ ἀνακοινωθοῦν ἐπισήμως μετὰ τὴν ὁλοκλήρωσιν τῶν συζητήσεων. Οἱ παρατηρηταὶ χαρακτηρίζουν τὴν ἐξέλιξιν ὡς σημαντικὴν διὰ τὴν περιοχὴν καὶ τὰς διεθνεῖς σχέσεις, ἐνῷ ἀναμένονται καὶ νέαι δηλώσεις ἐκ μέρους τῶν ἁρμοδίων παραγόντων.
ἡ διάσκεψις τῶν ἐκπροσώπων διεξήχθη εἰς τὴν πρωτεύουσαν ὑπὸ τὴν προεδρίαν τοῦ ὑπουργοῦ, ὁ ὁποῖος ἐδήλωσεν ὅτι αἱ συνομιλίαι θὰ συνεχισθοῦν κατὰ τὰς προσεχεῖς ἡμέρας ἐντὸς πνεύματος ἀμοιβαίας κατανοήσεως καὶ συνεργασίας μεταξὺ τῶν δύο χωρῶν ἐπὶ ὅλων τῶν ζητημάτων κοινοῦ ἐνδιαφέροντος. Κατὰ τὰς αὐτὰς πληροφορίας, ἡ κυβέρνησις ἐξετάζει τὸ ἐνδεχόμενον νέων μέτρων, τὰ ὁποῖα θὰ ἀνακοινωθοῦν ἐπισήμως μετὰ τὴν ὁλοκλήρωσιν τῶν συζητήσεων. Οἱ παρατηρηταὶ χαρακτηρίζουν τὴν ἐξέλιξιν ὡς σημαντικὴν διὰ τὴν περιοχὴν καὶ τὰς διεθνεῖς σχέσεις, ἐνῷ ἀναμένονται καὶ νέαι δηλώσεις ἐκ μέρους τῶν ἁρμοδίων παραγόντων.
ΠΟΛΙΤΙΚΗ ΣΧΟΛΙΑ
ἡ διάσκεψις τῶν ἐκπροσώπων διεξήχθη εἰς τὴν πρωτεύουσαν ὑπὸ τὴν προεδρίαν τοῦ ὑπουργοῦ, ὁ ὁποῖος ἐδήλωσεν ὅτι αἱ συνομιλίαι θὰ συνεχισθοῦν κατὰ τὰς προσεχεῖς ἡμέρας ἐντὸς πνεύματος ἀμοιβαίας κατανοήσεως καὶ συνεργασίας μεταξὺ τῶν δύο χωρῶν ἐπὶ ὅλων τῶν ζητημάτων κοινοῦ ἐνδιαφέροντος. Κατὰ τὰς αὐτὰς πληροφορίας, ἡ κυβέρνησις ἐξετάζει τὸ ἐνδεχόμενον νέων μέτρων, τὰ ὁποῖα θὰ ἀνακοινωθοῦν ἐπισήμως μετὰ τὴν ὁλοκλήρωσιν τῶν συζητήσεων. Οἱ παρατηρηταὶ χαρακτηρίζουν τὴν ἐξέλιξιν ὡς σημαντικὴν διὰ τὴν περιοχὴν καὶ τὰς διεθνεῖς σχέσεις, ἐνῷ ἀναμένονται καὶ νέαι δηλώσεις ἐκ μέρους τῶν ἁρμοδίων παραγόντων.
Η ΠΕΡΙΦΛΑΝΙΣ
ἡ διάσκεψις τῶν ἐκπροσώπων διεξήχθη εἰς τὴν πρωτεύουσαν ὑπὸ τὴν προεδρίαν τοῦ ὑπουργοῦ, ὁ ὁποῖος ἐδήλωσεν ὅτι αἱ συνομιλίαι θὰ συνεχισθοῦν κατὰ τὰς προσεχεῖς ἡμέρας ἐντὸς πνεύματος ἀμοιβαίας κατανοήσεως καὶ συνεργασίας μεταξὺ τῶν δύο χωρῶν ἐπὶ ὅλων τῶν ζητημάτων κοινοῦ ἐνδιαφέροντος. Κατὰ τὰς αὐτὰς πληροφορίας, ἡ κυβέρνησις ἐξετάζει τὸ ἐνδεχόμενον νέων μέτρων, τὰ ὁποῖα θὰ ἀνακοινωθοῦν ἐπισήμως μετὰ τὴν ὁλοκλήρωσιν τῶν συζητήσεων. Οἱ παρατηρηταὶ χαρακτηρίζουν τὴν ἐξέλιξιν ὡς σημαντικὴν διὰ τὴν περιοχὴν καὶ τὰς διεθνεῖς σχέσεις, ἐνῷ ἀναμένονται καὶ νέαι δηλώσεις ἐκ μέρους τῶν ἁρμοδίων παραγόντων.
ΔΗΛΩΣΕΙΣ ΤΟΥ ΧΑΝΣΕΝΙΑΝ
ἡ διάσκεψις τῶν ἐκπροσώπων διεξήχθη εἰς τὴν πρωτεύουσαν ὑπὸ τὴν προεδρίαν τοῦ ὑπουργοῦ, ὁ ὁποῖος ἐδήλωσεν ὅτι αἱ συνομιλίαι θὰ συνεχισθοῦν κατὰ τὰς προσεχεῖς ἡμέρας ἐντὸς πνεύματος ἀμοιβαίας κατανοήσεως καὶ συνεργασίας μεταξὺ τῶν δύο χωρῶν ἐπὶ ὅλων τῶν ζητημάτων κοινοῦ ἐνδιαφέροντος. Κατὰ τὰς αὐτὰς πληροφορίας, ἡ κυβέρνησις ἐξετάζει τὸ ἐνδεχόμενον νέων μέτρων, τὰ ὁποῖα θὰ ἀνακοινωθοῦν ἐπισήμως μετὰ τὴν ὁλοκλήρωσιν τῶν συζητήσεων. Οἱ παρατηρηταὶ χαρακτηρίζουν τὴν ἐξέλιξιν ὡς σημαντικὴν διὰ τὴν περιοχὴν καὶ τὰς διεθνεῖς σχέσεις, ἐνῷ ἀναμένονται καὶ νέαι δηλώσεις ἐκ μέρους τῶν ἁρμοδίων παραγόντων.
Ο ΤΕΡΜΑΤΙΣΜΟΣ ΤΟΥ ΠΟΛΕΜΟΥ
ἡ διάσκεψις τῶν ἐκπροσώπων διεξήχθη εἰς τὴν πρωτεύουσαν ὑπὸ τὴν προεδρίαν τοῦ ὑπουργοῦ, ὁ ὁποῖος ἐδήλωσεν ὅτι αἱ συνομιλίαι θὰ συνεχισθοῦν κατὰ τὰς προσεχεῖς ἡμέρας ἐντὸς πνεύματος ἀμοιβαίας κατανοήσεως καὶ συνεργασίας μεταξὺ τῶν δύο χωρῶν ἐπὶ ὅλων τῶν ζητημάτων κοινοῦ ἐνδιαφέροντος. Κατὰ τὰς αὐτὰς πληροφορίας, ἡ κυβέρνησις ἐξετάζει τὸ ἐνδεχόμενον νέων μέτρων, τὰ ὁποῖα θὰ ἀνακοινωθοῦν ἐπισήμως μετὰ τὴν ὁλοκλήρωσιν τῶν συζητήσεων. Οἱ παρατηρηταὶ χαρακτηρίζουν τὴν ἐξέλιξιν ὡς σημαντικὴν διὰ τὴν περιοχὴν καὶ τὰς διεθνεῖς σχέσεις, ἐνῷ ἀναμένονται καὶ νέαι δηλώσεις ἐκ μέρους τῶν ἁρμοδίων παραγόντων.
ΔΙΕΥΘΥΝΗ ΤΟ ΠΕΚΙΝΟΝ
ἡ διάσκεψις τῶν ἐκπροσώπων διεξήχθη εἰς τὴν πρωτεύουσαν ὑπὸ τὴν προεδρίαν τοῦ ὑπουργοῦ, ὁ ὁποῖος ἐδήλωσεν ὅτι αἱ συνομιλίαι θὰ συνεχισθοῦν κατὰ τὰς προσεχεῖς ἡμέρας ἐντὸς πνεύματος ἀμοιβαίας κατανοήσεως καὶ συνεργασίας μεταξὺ τῶν δύο χωρῶν ἐπὶ ὅλων τῶν ζητημάτων κοινοῦ ἐνδιαφέροντος. Κατὰ τὰς αὐτὰς πληροφορίας, ἡ κυβέρνησις ἐξετάζει τὸ ἐνδεχόμενον νέων μέτρων, τὰ ὁποῖα θὰ ἀνακοινωθοῦν ἐπισήμως μετὰ τὴν ὁλοκλήρωσιν τῶν συζητήσεων. Οἱ παρατηρηταὶ χαρακτηρίζουν τὴν ἐξέλιξιν ὡς σημαντικὴν διὰ τὴν περιοχὴν καὶ τὰς διεθνεῖς σχέσεις, ἐνῷ ἀναμένονται καὶ νέαι δηλώσεις ἐκ μέρους τῶν ἁρμοδίων παραγόντων.
ΔΙΕΝΕΞΙΣ ΑΜΕΡΙΚΗΣ ΚΑΙ ΣΥΜΜΑΧΩΝ ΤΗΣ ΕΠΙ ΤΗΣ ΔΙΑΣΠΟΡΑΣ ΤΩΝ ΑΤΟΜΙΚΩΝ ΟΠΛΩΝ
ΕΠΙΦΥΛΑΞΕΙΣ ΧΩΡΩΝ ΤΟΥ ΝΑΤΟ
ΠΑΡΙΣΙΟΝ, 1. (Ρώυτερ).— ἡ διάσκεψις τῶν ἐκπροσώπων διεξήχθη εἰς τὴν πρωτεύουσαν ὑπὸ τὴν προεδρίαν τοῦ ὑπουργοῦ, ὁ ὁποῖος ἐδήλωσεν ὅτι αἱ συνομιλίαι θὰ συνεχισθοῦν κατὰ τὰς προσεχεῖς ἡμέρας ἐντὸς πνεύματος ἀμοιβαίας κατανοήσεως καὶ συνεργασίας μεταξὺ τῶν δύο χωρῶν ἐπὶ ὅλων τῶν ζητημάτων κοινοῦ ἐνδιαφέροντος. Κατὰ τὰς αὐτὰς πληροφορίας, ἡ κυβέρνησις ἐξετάζει τὸ ἐνδεχόμενον νέων μέτρων, τὰ ὁποῖα θὰ ἀνακοινωθοῦν ἐπισήμως μετὰ τὴν ὁλοκλήρωσιν τῶν συζητήσεων. Οἱ παρατηρηταὶ χαρακτηρίζουν τὴν ἐξέλιξιν ὡς σημαντικὴν διὰ τὴν περιοχὴν καὶ τὰς διεθνεῖς σχέσεις, ἐνῷ ἀναμένονται καὶ νέαι δηλώσεις ἐκ μέρους τῶν ἁρμοδίων παραγόντων.
ΑΓΝΟΕΙΤΑΙ Η ΤΥΧΗ ΔΥΟ ΑΕΡΟΠΛΑΝΩΝ ΤΩΝ ΗΝ. ΠΟΛΙΤΕΙΩΝ
ΜΑΝΙΛΑ, 1. (Ρώυτερ).— ἡ διάσκεψις τῶν ἐκπροσώπων διεξήχθη εἰς τὴν πρωτεύουσαν ὑπὸ τὴν προεδρίαν τοῦ ὑπουργοῦ, ὁ ὁποῖος ἐδήλωσεν ὅτι αἱ συνομιλίαι θὰ συνεχισθοῦν κατὰ τὰς προσεχεῖς ἡμέρας ἐντὸς πνεύματος ἀμοιβαίας κατανοήσεως καὶ συνεργασίας μεταξὺ τῶν δύο χωρῶν ἐπὶ ὅλων τῶν ζητημάτων κοινοῦ ἐνδιαφέροντος. Κατὰ τὰς αὐτὰς πληροφορίας, ἡ κυβέρνησις ἐξετάζει τὸ ἐνδεχόμενον νέων μέτρων, τὰ ὁποῖα θὰ ἀνακοινωθοῦν ἐπισήμως μετὰ τὴν ὁλοκλήρωσιν τῶν συζητήσεων. Οἱ παρατηρηταὶ χαρακτηρίζουν τὴν ἐξέλιξιν ὡς σημαντικὴν διὰ τὴν περιοχὴν καὶ τὰς διεθνεῖς σχέσεις, ἐνῷ ἀναμένονται καὶ νέαι δηλώσεις ἐκ μέρους τῶν ἁρμοδίων παραγόντων.
ΝΕΑΙ ΣΥΛΛΗΨΕΙΣ ΥΠΑΛΛΗΛΩΝ ΤΗΣ "ΙΝΤΡΑ ΜΠΑΝΚ"
ΒΗΡΥΤΟΣ, 1. (Ρώυτερ).— ἡ διάσκεψις τῶν ἐκπροσώπων διεξήχθη εἰς τὴν πρωτεύουσαν ὑπὸ τὴν προεδρίαν τοῦ ὑπουργοῦ, ὁ ὁποῖος ἐδήλωσεν ὅτι αἱ συνομιλίαι θὰ συνεχισθοῦν κατὰ τὰς προσεχεῖς ἡμέρας ἐντὸς πνεύματος ἀμοιβαίας κατανοήσεως καὶ συνεργασίας μεταξὺ τῶν δύο χωρῶν ἐπὶ ὅλων τῶν ζητημάτων κοινοῦ ἐνδιαφέροντος. Κατὰ τὰς αὐτὰς πληροφορίας, ἡ κυβέρνησις ἐξετάζει τὸ ἐνδεχόμενον νέων μέτρων, τὰ ὁποῖα θὰ ἀνακοινωθοῦν ἐπισήμως μετὰ τὴν ὁλοκλήρωσιν τῶν συζητήσεων. Οἱ παρατηρηταὶ χαρακτηρίζουν τὴν ἐξέλιξιν ὡς σημαντικὴν διὰ τὴν περιοχὴν καὶ τὰς διεθνεῖς σχέσεις, ἐνῷ ἀναμένονται καὶ νέαι δηλώσεις ἐκ μέρους τῶν ἁρμοδίων παραγόντων.
ΟΙ ΑΓΓΛΟΙ ΘΟΙΤΗΤΑΙ ΚΑΤΑ ΤΗΣ ΑΥΞΗΣΕΩΣ ΤΩΝ ΔΙΔΑΚΤΡΩΝ
ΛΟΝΔΙΝΟΝ, 1. (Ἀσσ. Πρέσ).— ἡ διάσκεψις τῶν ἐκπροσώπων διεξήχθη εἰς τὴν πρωτεύουσαν ὑπὸ τὴν προεδρίαν τοῦ ὑπουργοῦ, ὁ ὁποῖος ἐδήλωσεν ὅτι αἱ συνομιλίαι θὰ συνεχισθοῦν κατὰ τὰς προσεχεῖς ἡμέρας ἐντὸς πνεύματος ἀμοιβαίας κατανοήσεως καὶ συνεργασίας μεταξὺ τῶν δύο χωρῶν ἐπὶ ὅλων τῶν ζητημάτων κοινοῦ ἐνδιαφέροντος. Κατὰ τὰς αὐτὰς πληροφορίας, ἡ κυβέρνησις ἐξετάζει τὸ ἐνδεχόμενον νέων μέτρων, τὰ ὁποῖα θὰ ἀνακοινωθοῦν ἐπισήμως μετὰ τὴν ὁλοκλήρωσιν τῶν συζητήσεων. Οἱ παρατηρηταὶ χαρακτηρίζουν τὴν ἐξέλιξιν ὡς σημαντικὴν διὰ τὴν περιοχὴν καὶ τὰς διεθνεῖς σχέσεις, ἐνῷ ἀναμένονται καὶ νέαι δηλώσεις ἐκ μέρους τῶν ἁρμοδίων παραγόντων.
159 ΕΜΠΟΡΙΚΑ ΠΛΟΙΑ ΑΠΩΛΕΣΘΗΣΑΝ ΕΝΤΟΣ ΤΟΥ 1966
ΑΙΔΕΡΙΟΣΑ, 1. (Ρώυτερ).— ἡ διάσκεψις τῶν ἐκπροσώπων διεξήχθη εἰς τὴν πρωτεύουσαν ὑπὸ τὴν προεδρίαν τοῦ ὑπουργοῦ, ὁ ὁποῖος ἐδήλωσεν ὅτι αἱ συνομιλίαι θὰ συνεχισθοῦν κατὰ τὰς προσεχεῖς ἡμέρας ἐντὸς πνεύματος ἀμοιβαίας κατανοήσεως καὶ συνεργασίας μεταξὺ τῶν δύο χωρῶν ἐπὶ ὅλων τῶν ζητημάτων κοινοῦ ἐνδιαφέροντος. Κατὰ τὰς αὐτὰς πληροφορίας, ἡ κυβέρνησις ἐξετάζει τὸ ἐνδεχόμενον νέων μέτρων, τὰ ὁποῖα θὰ ἀνακοινωθοῦν ἐπισήμως μετὰ τὴν ὁλοκλήρωσιν τῶν συζητήσεων. Οἱ παρατηρηταὶ χαρακτηρίζουν τὴν ἐξέλιξιν ὡς σημαντικὴν διὰ τὴν περιοχὴν καὶ τὰς διεθνεῖς σχέσεις, ἐνῷ ἀναμένονται καὶ νέαι δηλώσεις ἐκ μέρους τῶν ἁρμοδίων παραγόντων.
ΣΥΝΤΑΓΜΑΤΙΚΑΙ ΜΕΤΑΡΡΥΘΜΙΣΕΙΣ ΕΙΣ ΤΗΝ ΧΙΛΗΝ
ΣΑΝΤΙΑΓΚΟ, Χιλή 1. (Ρώυτερ).— ἡ διάσκεψις τῶν ἐκπροσώπων διεξήχθη εἰς τὴν πρωτεύουσαν ὑπὸ τὴν προεδρίαν τοῦ ὑπουργοῦ, ὁ ὁποῖος ἐδήλωσεν ὅτι αἱ συνομιλίαι θὰ συνεχισθοῦν κατὰ τὰς προσεχεῖς ἡμέρας ἐντὸς πνεύματος ἀμοιβαίας κατανοήσεως καὶ συνεργασίας μεταξὺ τῶν δύο χωρῶν ἐπὶ ὅλων τῶν ζητημάτων κοινοῦ ἐνδιαφέροντος. Κατὰ τὰς αὐτὰς πληροφορίας, ἡ κυβέρνησις ἐξετάζει τὸ ἐνδεχόμενον νέων μέτρων, τὰ ὁποῖα θὰ ἀνακοινωθοῦν ἐπισήμως μετὰ τὴν ὁλοκλήρωσιν τῶν συζητήσεων. Οἱ παρατηρηταὶ χαρακτηρίζουν τὴν ἐξέλιξιν ὡς σημαντικὴν διὰ τὴν περιοχὴν καὶ τὰς διεθνεῖς σχέσεις, ἐνῷ ἀναμένονται καὶ νέαι δηλώσεις ἐκ μέρους τῶν ἁρμοδίων παραγόντων.
ΕΙΔΙΚΟΝ ΣΕΜΙΝΑΡΙΟΝ ΔΙΑ ΤΗΝ ΚΑΤΑΠΟΛΕΜΗΣΙΝ ΤΗΣ ΝΟΣΟΥ ΤΟΥ ΧΑΝΣΕΝ
ΑΘΗΝΑΙ, 1.— ἡ διάσκεψις τῶν ἐκπροσώπων διεξήχθη εἰς τὴν πρωτεύουσαν ὑπὸ τὴν προεδρίαν τοῦ ὑπουργοῦ, ὁ ὁποῖος ἐδήλωσεν ὅτι αἱ συνομιλίαι θὰ συνεχισθοῦν κατὰ τὰς προσεχεῖς ἡμέρας ἐντὸς πνεύματος ἀμοιβαίας κατανοήσεως καὶ συνεργασίας μεταξὺ τῶν δύο χωρῶν ἐπὶ ὅλων τῶν ζητημάτων κοινοῦ ἐνδιαφέροντος. Κατὰ τὰς αὐτὰς πληροφορίας, ἡ κυβέρνησις ἐξετάζει τὸ ἐνδεχόμενον νέων μέτρων, τὰ ὁποῖα θὰ ἀνακοινωθοῦν ἐπισήμως μετὰ τὴν ὁλοκλήρωσιν τῶν συζητήσεων. Οἱ παρατηρηταὶ χαρακτηρίζουν τὴν ἐξέλιξιν ὡς σημαντικὴν διὰ τὴν περιοχὴν καὶ τὰς διεθνεῖς σχέσεις, ἐνῷ ἀναμένονται καὶ νέαι δηλώσεις ἐκ μέρους τῶν ἁρμοδίων παραγόντων.
Ο ΜΑΡΟΚΙΝΟΣ ΒΑΣΙΛΕΥΣ ΜΕΤΑΒΑΙΝΕΙ ΕΙΣ ΤΗΝ ΙΣΠΑΝΙΑΝ
ΡΑΜΠΑΤ, 1. (Ρώυτερ).— ἡ διάσκεψις τῶν ἐκπροσώπων διεξήχθη εἰς τὴν πρωτεύουσαν ὑπὸ τὴν προεδρίαν τοῦ ὑπουργοῦ, ὁ ὁποῖος ἐδήλωσεν ὅτι αἱ συνομιλίαι θὰ συνεχισθοῦν κατὰ τὰς προσεχεῖς ἡμέρας ἐντὸς πνεύματος ἀμοιβαίας κατανοήσεως καὶ συνεργασίας μεταξὺ τῶν δύο χωρῶν ἐπὶ ὅλων τῶν ζητημάτων κοινοῦ ἐνδιαφέροντος. Κατὰ τὰς αὐτὰς πληροφορίας, ἡ κυβέρνησις ἐξετάζει τὸ ἐνδεχόμενον νέων μέτρων, τὰ ὁποῖα θὰ ἀνακοινωθοῦν ἐπισήμως μετὰ τὴν ὁλοκλήρωσιν τῶν συζητήσεων. Οἱ παρατηρηταὶ χαρακτηρίζουν τὴν ἐξέλιξιν ὡς σημαντικὴν διὰ τὴν περιοχὴν καὶ τὰς διεθνεῖς σχέσεις, ἐνῷ ἀναμένονται καὶ νέαι δηλώσεις ἐκ μέρους τῶν ἁρμοδίων παραγόντων.
ΗΥΞΗΘΗ Ο ΑΡΙΘΜΟΣ ΤΩΝ ΔΙΑΖΥΓΙΩΝ ΕΙΣ ΣΟΒ. ΕΝΩΣΙΝ
ΜΟΣΧΑ, 1. (Γιβ. Πρέσ).— ἡ διάσκεψις τῶν ἐκπροσώπων διεξήχθη εἰς τὴν πρωτεύουσαν ὑπὸ τὴν προεδρίαν τοῦ ὑπουργοῦ, ὁ ὁποῖος ἐδήλωσεν ὅτι αἱ συνομιλίαι θὰ συνεχισθοῦν κατὰ τὰς προσεχεῖς ἡμέρας ἐντὸς πνεύματος ἀμοιβαίας κατανοήσεως καὶ συνεργασίας μεταξὺ τῶν δύο χωρῶν ἐπὶ ὅλων τῶν ζητημάτων κοινοῦ ἐνδιαφέροντος. Κατὰ τὰς αὐτὰς πληροφορίας, ἡ κυβέρνησις ἐξετάζει τὸ ἐνδεχόμενον νέων μέτρων, τὰ ὁποῖα θὰ ἀνακοινωθοῦν ἐπισήμως μετὰ τὴν ὁλοκλήρωσιν τῶν συζητήσεων. Οἱ παρατηρηταὶ χαρακτηρίζουν τὴν ἐξέλιξιν ὡς σημαντικὴν διὰ τὴν περιοχὴν καὶ τὰς διεθνεῖς σχέσεις, ἐνῷ ἀναμένονται καὶ νέαι δηλώσεις ἐκ μέρους τῶν ἁρμοδίων παραγόντων.
ΚΑΤΑΔΙΚΗ ΑΜΕΡΙΚΑΝΩΝ ΕΙΣ ΤΗΝ ΠΡΑΓΑΝ
ΠΡΑΓΑ, 1. (Ρώυτερ).— ἡ διάσκεψις τῶν ἐκπροσώπων διεξήχθη εἰς τὴν πρωτεύουσαν ὑπὸ τὴν προεδρίαν τοῦ ὑπουργοῦ, ὁ ὁποῖος ἐδήλωσεν ὅτι αἱ συνομιλίαι θὰ συνεχισθοῦν κατὰ τὰς προσεχεῖς ἡμέρας ἐντὸς πνεύματος ἀμοιβαίας κατανοήσεως καὶ συνεργασίας μεταξὺ τῶν δύο χωρῶν ἐπὶ ὅλων τῶν ζητημάτων κοινοῦ ἐνδιαφέροντος. Κατὰ τὰς αὐτὰς πληροφορίας, ἡ κυβέρνησις ἐξετάζει τὸ ἐνδεχόμενον νέων μέτρων, τὰ ὁποῖα θὰ ἀνακοινωθοῦν ἐπισήμως μετὰ τὴν ὁλοκλήρωσιν τῶν συζητήσεων. Οἱ παρατηρηταὶ χαρακτηρίζουν τὴν ἐξέλιξιν ὡς σημαντικὴν διὰ τὴν περιοχὴν καὶ τὰς διεθνεῖς σχέσεις, ἐνῷ ἀναμένονται καὶ νέαι δηλώσεις ἐκ μέρους τῶν ἁρμοδίων παραγόντων.
ΔΙΑΣΚΕΨΙΣ ΚΟΡΥΦΗΣ ΑΦΡΙΚΑΝΩΝ ΗΓΕΤΩΝ
ΚΑΓΙΡΟΝ, 1. (Ρώυτερ).— ἡ διάσκεψις τῶν ἐκπροσώπων διεξήχθη εἰς τὴν πρωτεύουσαν ὑπὸ τὴν προεδρίαν τοῦ ὑπουργοῦ, ὁ ὁποῖος ἐδήλωσεν ὅτι αἱ συνομιλίαι θὰ συνεχισθοῦν κατὰ τὰς προσεχεῖς ἡμέρας ἐντὸς πνεύματος ἀμοιβαίας κατανοήσεως καὶ συνεργασίας μεταξὺ τῶν δύο χωρῶν ἐπὶ ὅλων τῶν ζητημάτων κοινοῦ ἐνδιαφέροντος. Κατὰ τὰς αὐτὰς πληροφορίας, ἡ κυβέρνησις ἐξετάζει τὸ ἐνδεχόμενον νέων μέτρων, τὰ ὁποῖα θὰ ἀνακοινωθοῦν ἐπισήμως μετὰ τὴν ὁλοκλήρωσιν τῶν συζητήσεων. Οἱ παρατηρηταὶ χαρακτηρίζουν τὴν ἐξέλιξιν ὡς σημαντικὴν διὰ τὴν περιοχὴν καὶ τὰς διεθνεῖς σχέσεις, ἐνῷ ἀναμένονται καὶ νέαι δηλώσεις ἐκ μέρους τῶν ἁρμοδίων παραγόντων.
